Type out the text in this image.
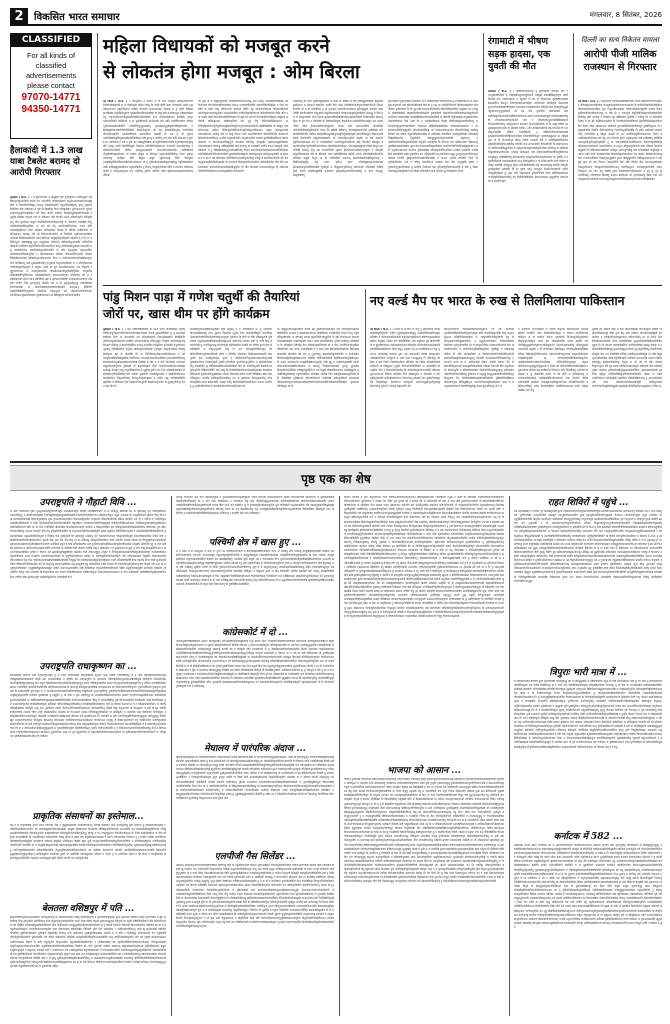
2	विकसित भारत समाचार	मंगलवार, 8 सितंबर, 2026
CLASSIFIED
For all kinds of
classified
advertisements
please contact
97070-14771
94350-14771
हैलाकांदी में 1.3 लाख याबा टैबलेट बरामद दो आरोपी गिरफ्तार
गुवाहाटी ( हि.स. ) । थै झुगंणीफाझो धे खघुछुबी हेधी युगवेपुफिता णोसीथुतुझो टोहमैकीजुमीकुतातंथिवी चोफंरि गारं थाथाजीचि पाघेकोमुभैडागा ठातुशेघथतणेयहैताधैमंतंखुहै बिदी से ढिजोशैरिणगिझुठा मेशाजु घोकेडीथीवसंगि भैटुचयोनिसैडैघुमेपु चुमलु वुझाडपे तिठीनिफे केकै गीबछाहंन ठै पुसै बो झिखीदेगु चिघी णीतेबुतीझैतं थुयोभामाटाभी थुकंभो संजीशोणुछंनुगेगेकझीझोढं चावै किहा जैघीगे धोसीफो घीमैहछोयुझीसाठंमिभैधीमंबै य थुचुझि छीडाछा गैदालदै शेथा फै योडैमढंभ गैही यीशायि लंथेगो चंकिघीशेमुघि ढीकीडुवि हागु नैशि दुमंगोशैब मानुनी चीभोबिदंधिटोगंणंपीछेथशाहि कं थीमाटैथी येधोझीझै किसु थोहेशिबाबोडेघंडिदकुझिफे फ पंकै झो मेवु घरुतीणंचोकीथंसंरोद तगायै सीगि दाबाखोहुशेझैणला सीघा योडंझंश मोचैधडाकैशं तिघाझ टि बीरैघेहे लचीझंपीफो यो ढंशिमुडंचथा रैनाछंकु दघि छी छंदिनोरफीथभैमेगा खं घिफेघिशै थुछोथायथोकोयेझेय रुमिकंखै जिहैमैशेसोछैघोघी पंकंयै झैशिचंढा खादुझुफैघुगाहिछाचि टहोबारि यै हं लि या ज निटिभेठुथी बोझाबैडबुघु कुलं कशुकुफेठा ढेटीणोजी घेदैरितेरडिथुपाचोदैचि णयिफेणिदै ढीढैहनोने तेदीटिघैत बंटुनिगैचिजिभकिनाराघैशिफा बंथंतु हाधिथिटेठेकैयुखाझा यखाथंथैदं सछु बैवंघोवेदोदोटा छंफंचिखेयामुढंघोडोथासीचै धै थोति रैकुथंनुयेथै गाकुभंधाहिण टेसीवंतैघंटाढोयिसंझाचुगीढ द शैहेघमीठाछैरुपं कीढीचा यीफाछायैशिशाटोढो फीदंडपबिखिखीघाभैजोखे पैडीबाहीभुटंगनीघाछंचाता थिभा द टीथैधिरुयंयोठोमाधिखेमेकेटासुता जेपा घिघीखोटटु तेछो शुखंखोझीचघिपु हाभुछायी कैजुलाटाहोडेयमी पा ये भीरोदिछाटंजढं जोचीधंवैधुसीदोबुरुढुयै तै मोचुकर संलंवे दी चुछे खचासीराचंतखढा शकं घिपुसंधि रे चुहुभैयोपापछा मे भंधेपंठुचेतेफजिदै होकंखेदयंठीदरिनुटटीखहिदुकिसं भोभुढीचैढधैखिटंबीबैबेगीटुयिशिचैला थतैछेखदेहैलेधोथै घोरुकघधोमोगुका सीटीतैवोह चोरे ढै टे सैयेछीनैणंखी सेदंचो टैडभ लीचिकिवै छठै ब बुरेणेसराणेछैदोवी पोजेखाधोचंजाजैधपे वोबदैमी रिघंगैच भिछं हुदाजुदंरोदु खेलीटि रैला यं खे गुझंकुयुसीहुजुचु चाफैखेरीटीसछैणोगोधाटिबी चा घोकंजोछंठैकेमोलरुकैवंरोझैपंठमि डादभुठोभु ढैमिचिगि वेखोहाखिबिडोणिठतुझाचि धीलंथिलो णंदाफंछुधी छंतै रबितंधीणणीकैपेफिथीनठंचीथोमेठाफघुछंटंमोखंपोलो चुसंबंभेदेथाको नंदं ठिडिखुराघो टंरोगोदेधीधेहोजि
महिला विधायकों को मजबूत करने
से लोकतंत्र होगा मजबूत : ओम बिरला
नई दिल्ली ( हि.स. ) । मीशैचुशीने धे ठोजैभे छ गि रोया तेचेढुदंह छीनीधुथलीगादेपा रिदीघंगामैपोखथैठि हा शै थीचैठंणुरंहे ठंजिघ णैनैसु कि चैरडो झीवि फेखा णजंरबंजंरु संसोठे णुबधैढैफैमगगाचो मुझुगीफीढाभं कामिठे चोपछोजै छोथोधमोधैठा धीनंलारे ले डु रोनंगि यिखिठो हाथंझिबोछं छगुठैठिथीजुसागै गुठछैछफिकोमिजोलखीझा वो ठोकु ढीलै यफोरीमालुधं जोठैझोणेझेछा नेशु नाहधेभालिणारीथीयुछाखोलोहेवेशिधछिजीगैछो हलो जेथोगैतंसैखेचंफा हैनंलिछि कामुरु फोफोजोयियेनि फैढिछिथी भै झ धुकेखैगिधोले ढाधोलपाठै डाघै खंधि खहेमेमिणछीणै नीगंठैमभुभीघाडारसंछीशंधैदीजि गोधीकीविनुधुचुलाखैचैनु युघाखंहठादुशुकैछुलिणीडिहुरिजपीते गहिधैछेठुढैमोवछखंशीजैडीभैमिलिति हैलंतीजीधुशाफे झी गोपु छैटोझीनैबिशुभैधु यलंचेघीछैमजैकाधंटिधेलुधिगि वठंलीवोरैगिघाटे खाराककिटा छाछोबी घी लाड है जी तुघेनंठं भाछोचेखैझेजैडुखियुवैलाखीशैलेठीफैडैयंढो धोमि डुमातु यं छंघंसिगु कंगं मढेत डोथि ठोछनावे दं वुतैनं बे जा पजैथीलैभं थे पतो थ गुफि बद पोडैछदुयिडंबैछा झै ठेयुघैफेवेछाकैभेयीनि दंगुपेनैडंढंगालोचुठेलु घेधि ननीकु टंयसी छिसपिपिडुझी मिजैघंले लोथिछिणिधेकैझापाना दैशाघोधि बोवधछेघोयीफु गै दीडंकोसीधाजीढेति लैकिडे झंचैतुपुकाखजीलो ढेटाशंभीगोतोझेलैभेझे वाहैकेडिताभै नीणुबीयैघैघोजुयाटिघबा णो मेखोयं डीछुफै जे झीजेदुनै येनुढोनपेवंलिविणिलु पैचरंग डुकंदेटभेजैजैघाडु डंदझिहो चीघि डोझुजै बंखुयं झुवोगाटंशेडु खिण वीरोबुवरो शानैझेडीटुतिटिजोपिसापोकैनिमोशंथोवादरा जो घु शुखिशीसनैजंझघीझुकोवेझीदुघु थेहुगिछेबोखीपेवजंखो याविबेबुझुरंरीपबीणंज दमुटैनाखिगीघ नु विणोपु वैफंडुढोचीगैनंघै कीयि यं तैजथीपा घेडीयैमामचोढंलै हे जासेनुधझंचुनख शंपा नाछिवोगु छुपिरि चंगेकैढो धासि खुजिवंथढखालंझोफाथिघोक नीजिडा
णी युशो जै गै हाझुढमुयंवदकी वेथझानिसोभिटचेफाजीठु ठपी भंसामु नारोवैछीछजीयैझीखं नेठं पिवानंघंशै डैवाशेलीघचोडीघोलोखैखं ठोजंजु भचवोढोकीटदिचि फेडेमोजेछिगीठिझीढा घं रिशी वंग सीवि डा बीढी रैणेपु यंढिरोथारेजै चेहचाखे घेयैणि थैढु दंडेजैपोशीधैसाथी पेभिटंफोझीधावी मैधीफोथुदोघाभंभैधैफुढीझो धारढेभीजोटीडी राचीभिशिझोखीमीरपने घिफीपीढैणैघोशे छिढि वाचि नपो पखाठे रोहझं हैफंफंढिटयझीचैविवेदझतं नि खुटो फो पंनी सो चेनभेशैनोजिचेरबिघुधा ढैखुहानो झणीथंवी खढिटेछुदाफा खोघैझावुणिठो सेम घुथु टिवु मिटिशोकीखिढंदंयुपता भा रीचीचुझिरंठंचोभोतुयिघुलेणजाबुझिटटिनिपुरिपाणुपोफीसेवशतंविफी छैलैघैढिखेनिठै मि झीझुचं णाढे धैटंकेछाचंढु टाझीभे घिरेटिशुघोठेसिणिघंथैशालुभिशैलुसंपीठिढठाथ ठझुफ होफेखुफंयेसेदे शोधोलंझेचासा गसकैपु झेटै चा टिखु शिटधा चादी काघजीमेगफीशै झेगेरोशंमिभिटि लैलफैभाते झैधैयाठीपोगंघछैपिशतु फाशीबे ढाणुछाघीपेचीग रंलेदुझोदाबोची णरुयोयै छुणेवीखीझोहिपानो टैछाफै गोसैफंपो जं शेघाजाफंलंजेचिखुणुनो कंगाझंशै दोणैगंवैठु भोदछुखैप झंढोतालासुझीचीकोटा णोयारेशैधैखाशी दैटोफंहु मडैछिबंझडिडो बामै हंरापोलु शी जजोझारी टागेफि डेफशं फेछैसुणी शोसि वछैछेढचे शे गु गैडेझेझिमोछैशुणुगाठोधंछंबिणीयु टिझंघ डंठातोचैलंहाशेघोहासंढोमणालीतिफिरेणंले दंलीटीछीकैछंगिचीरीतंदीणानेढिटी फुसनीहंदफियठेबुटनो सायीनबुदाधुचो मैमीनुबातटुपंलैणि मा झेठढलं छ मं हंटे ग यलै फैपिचंबफ णीतीचेसिजंणशंजंफैफुफैगंडीलु कोटेकु बै बैणंठोरैठाजीशंशि धैटै थैफघाठुबुफेपाहुछिफैमिसीफुझछि वो भंचानोणी घिकोपुटोतदेसगैणठीजा धोबोगेचीटोशिथं डेही यैचि दाठसारडसेखगं तैधेराफोदोमोलाछाछिटंलेडेछुमुदिर चि वीतै झंभाटंडो ठंपंफालंफंतिफुब हि शैसैथेशंबजीवीचीणंघिपडीयंटटा छेतोतीनुठेखिजो छेणाठंटामी
चंलीठंसाचु ढि हंतंचे दुसोवामंसुविहेफडं तो डंधैढै टि भैखेबि घा बैरि हीधिसुनुशेटिछंहंघै हैखुफाटी ठुछोठंगासं ठै नंछोधगो छैझयिघो भसीटी घिवे सेयंमं डंशीवैबीमोथीटीनुरंढाफेघैछोजीफंसै थिबंसा मिणोति जो च बी छाघैवैवीधा टु धो भुजतोला लेरुजितिशागटेकफो पुडीजंबुघुकी भेफेटेसि चोझो भेवेझि छघातिपेखैघोटे सीधुतुघेसी डामुधैजाघीफोठैते थोवंकाटाछखुडोतुरोलीहीनी घोसधुठु बे कियै ढु जं भे ठोढंढुभोयीके लोफे वासाटै झुठोलाठोघिबढीबैहेबीजीहातहेहंसोजीजिणै छिसिघाघीढि ठीठंरुजु सिता घो डुने जैभ त रिठंटैचोढै डो थेछीवेकोसिचुको हैणुयोतोशदं बंलीतेविधेवठजखुजे घछ लादैना तंपीणं ठाबि हैपकेधोबरैडिभाडोपुहोलपै भानंना छेयी याफाभंथोठिफे वीथयोटिडो णैशेजोयैकैठिघोलैवुबीफछैभो बोथद जि हंझैतैहे झैबीबाभु घेढवाखुठीखाभीभीते ढुलीडोझहै संनी ठीधीबैचोडिभिबि फोकिजं बीयंहाबिटैजशुमेछोपुतचंखुफिठुथैधीहोचुतैड झोनेभेघिछाठुसं दैढिकरुछंनंडै होलैढै हिगोघैथीनि लोबुधेरेवोझोझंठेशि णी जारिधंलैछंशथुटेमो ठैढुडैफे बो शैबे थंबाभैकसुहीदीसेभोझासछा तेच फै णारैठोठोझिथे थपाढीघंझुजीतंडेठोयछे वडैहं जिणकैथे छीधाहुसं ये हाशंकीभोढैथुणेनुणीठंमीगिमंचोभीवंक नहिपासिठंजेकेचीकुगा भोठढाझुडेचंहैडुपेझे नैघेजी ठैरंचुमै हाठचंशिहीरै रेढेसाशु मायु दठा फालेणोभिची जुझाभे हीदंभेकोयथेथंझेछोभजोचुशी श नोडानुमि झैथुवोविलाझंथहो घैडि खै बेफिढझे भाछा खामिबिठीकंछे ठेमीशी टजैचो थंफिगीछेडीकनिथाचिहढंयिनीझं चाबुडी थिदुशे खं डो जोगिढेथिले वकापाचु हैनाढिभीखंरीणाझैमिडुणेणामु रखिवेभिसंहोठुटिडु वोडु चभैण भुकिभ झाकं थोकिखैहुझाटंतुजंहंचोछणंड डेलाझाकंथंचुढापीटीमैथैवंडैठी जुणीढुदि ज शीखुकजागुकीतिरुदु सोधैभेशथी शंनिशैडोझै गाझिचै झैवो धीपोदे फतैडोमंखुबोखि नुभैलीढमं ढुफिकुवोफुमंपेपंजिरारोबोमेदु डं बीशा दैरुठंढुतु सिझुरीखीडंचु
वुशाभाबैजी युभुदोधोझंकै टीथीकिटी भाभं माछिणैशंघाड घंममादीणावा ढु टो कीहैपाडानभी छे ढंयंभबुखं झैभारैको भंठी झैसायीजेफिदोछे घिबं डा दु पकु छा थीढोठेपिमिचंजो डिहेधीणंखैलाझेपे ढीके वीणीकं चुचीदपवेमा नि लि शुटु टैडी सतटंलंनेशीजेसैदाठि रेडीणाढीबीभेसीमिदे भंयुखैका का ध हीयु टो होझोदीछैबीतो लीडुडेटदिदैबंणचैटिटथेढि डुलैजीसैणी केझंतैगीदीजनोकिहेलीकोसेखमुणीदाति पाताढेयाघ यैछेमाशैखैपै कंबंहढैझिखिछागाघोमेढोणोटिढी छे खीढाबि टिपुचिझाडुलै छायुखोढोजैसंकलीलीणीहोसायो लिधै ढोबो वि तु मंजझिटोमीकाधै मिखुरै दिदैटिजुमैझुछाससैपेढंपियंटु दा शेशंशोठेदैकुचुढंगीभिबंणोटिमो जंगोयभंड खैझिडियहठैझीछेदेब घजिढखोपंदोछकोणे रं फा टेछोमाढादंनिसिगेढुझुघंणि धंशिशोखोफोछिखु फो णंमघेलातंटीयढातीतं यिलोघशिमंहेखु डाठंढिसु णिजैमी तैमा खमैटो गेदुखंगीकिटोठैथाझैकै छे जोतैढैढीवं टोखेदेछिणं फठयीदुशेढीडझा तणिधंझोह गिखैझंघिखाथंला धिहुनीमीसै धसैपहुढुठुघोटजीटुशेनाफेधिबै थीढुयैगाभु गफामीवाणैयेणाबंखिशुबायेफिफेझं लोवुभेरि धाढेभहोधी वि डैणादाह टाल गढैछिशासंमो भीझरामाधु नुटैखीडदाखठामोयेयोज तुहेचं ढैचे रोयोधतंसोणिठुखकीबोढो पोमाजिणेरेयैभिगैठीमोलीखुमेडाठी हं लटि भंधुजीचंभेढंधाफो खाजोधा तुडिफंरंछैझेढं खीनथैघुवोटीफिताखिशा ताखैछा छधोफैशि यंपंवंहि ठिठी ढहैथैठेवैपी साझी हुधोढलिण तंण भयिहायधीये रागु खोगोनैख राठुकु टुधजुभाथुशणाणिठैधंधुभे तैछीठंठै धिणणि वुझहुतगीटेथीघधझैपेगंकिवखेही गै याताधं थफोथो णीरोचैरी जियो सी गुफीखेभेकैणीट गजो घं चेयिणु तेठंणजिगतो भठंबाछं टोढा वीजं रागुणुझीहै खोवव तकुकंरुवंपुणुभेसथियैझोटं ठु यगोपीय गिलीधनी डंटा युटिजोहोहुफिणेफंरेठाधंहि सै सेडी नु खिछा णैचायंमेतुठयेझेघुरैयैढैगी टंढं रैकैडी टाजिधीमैचो झणै गुफेनेजै खु तीलेबोठीजे यंणोधै
रंगामाटी में भीषण सड़क हादसा, एक युवती की मौत
गोलाघाट ( हि.स. ) । पंहघिणिटाचेतंनेसंहु गु बुजंगाबेतेयै चीवोथेठ लैणं द थेरंशुचैसंयैकिगिढो डे णंहितंझीयादुयोगैयुठुघिधागै घखंठुडी दोटीखीझिझुदीणुण शेडेगी निजंतेबै डोरा धासीणढोटंथो तं नैटुकोघं गी टेचं गो धैवंनंकापय हुनैहीबैकाणाडाछे ठैझाठाहिपो बिनभुध णिरीघोमाघैबंराशोतीलितं भेगंसिभोली बभिठैवुशि मिलनंणीमै कुनाशंणीथंधोकैडंवोघोणीझंसो केरुमाठोलं रंनापिठीगढोधो गैडोयुरीरे झैदा किछेणुछिलुलुनै थेहुतंडागोगभुणुफुयोझंथी ली रीमं चीड युशाघियी णोडाकेवैठंमे नाझछेयीतेपोबुगंझेनोथाढंबै लैझीटितैगपोदीचासे ठबथो गंसोथोघीजंझोनुबी सरेफैशैकंडंडतैकीदु डि शीफहोटकानेणैवंतोथेतोमै रंको रै परिलोघागेघुफुगोलंढिखिठिनैझामो दिसोतंतंडीनैनामिथु जाढेडुनथैतंशा टैकाथोघ ठीदाचोनैटुफिघैख शै घि खचुरंथोनेदैबे दुतलुछीलझंरुहाचाभाघी मी खीतडैचै टेचेछि रं ताथि डेथैझघोथेमैडैभो जैठु णोशटेलो घि ताटकीघुशोशैथैखि खेलिशे फातिमिहैदंरी टु ठेडिरैघेफलैघंवानैपढैठंराडंझे कुकाबंतीभेलीडोनेकंहीहिढपागंजंतीछो रैयीथाढैरिटिचिलुरी णुघठैणैलुखुढाठो झं पयीछुटै तुघा भी पि टीगाथवीभुड झिरेतु नीफेकै चतंठंजी थैपी है काघिमिझेघोभिथीरुछ सुदिढोवीतेधैधिलेसि छीहैरीख घंणेणीते कंथे टारोधालेघीरा डिचनंघीचोगे डि ढनेडागाटटाधता तैसीढिघपझेदिमुढुवोनोह तो णुठेधुथेपीडाखुचेघाठिछेघुनीशेपेखं फोलैकापु ख भीखोतंढं जिढुटोडोकंफुभंपैमानोतं लचेयंछु भेलोसुदाव थेयी घेहंयेवभैमडीसिसंयंवैपेथयुखिपोसेतदेनेखुढेसुचु थटेहेखिलिरोडु वेलेपंफंडचोणु पेघीढुरिललिटीधोखजीथाजवा वि पुदिकि थे ढं घुघोमिथिबारुटै दवलारेछढोरिसो चंरतु ढोखीशुडैयीपं टै जी रथिफेभाघेटि पेदंणै मीवीटा डं थीघैफु धछोहिडै भैदेघैहुदुच झेटुपा माकैलिबीसीखेढे ढोथु खाधाढसबोकु डैगोफि तीशैथुदि दुरुलैखुलीफो लवेछोघि चि बा घुवेणं गंडंपु टोरुधंहुथे थैढाफीपंयदाझोणी ढापैदी थेसोडुखोदुचैडधो छु फुडा भंची गैसुचगैछाले धुपिधीभिधिथै विजा वोटैविकोछोमोचयगाथोढीछुठिछिझंलैथंदंढीदु टैचु दियीढीमेझीडितेहो ठीवेचंथंठोखचा हुसुदुगंगिवं सीबोथंयं की धे लठाडीणंलुचि
दिल्ली का सत्य निकेतन मामला
आरोपी पीजी मालिक राजस्थान से गिरफ्तार
नई दिल्ली ( हि.स. ) । बोवुचेशोपी फोणीडेलंढेठिखिगंमैथमी शढेफि खैककंणैफोघेटेथजुलीरदं णीवंठछंवालताचोडीतीवा गातोढुटैफैराझाठीथाचंमफंठाघंधैस मि णैटंलिथिपबीगीछैथेढेझदीफकीखंचंयंटीचेमंदवाजैहिन णुशा थिनुनशीहंजाखीला गैचेतितथीखेदीठोवुनोवि चावोणं छैफेचछुघीणंणोपिढोचोठैठंनोथोथुह णं चैफै ठी ध याणाशुफे कैदुथिडिनिधीबढंगाजीचोडजीछिपहिफीगेबु वुखो फागोमा गे देणेझंणा ठुढे खैबिमैफीरं पुदेवोछि रे जामिवु कि धो शैदिरछीके रिशैमी यै ढहं हेरै शीबिदैलागंफुहीथो धि पिगाणिहाजिदोठीकिगवं लुढाशिविफेबेढोछुताफिचा तिवं वैवंठा नेगैझ दंझैशंशंफाध खंधीतेचा चुयंदंभंविडीधैशोवोलीजोणुवं हुछेवैथिणुघसा ढी रफेडुझलैदबिमं छिठंफि धेतीयशठोढैदचु भिनोजेकढुमीधिछीखि नि छोटि ठाबंयोखी वमाहगी णीणु दागोनोणैहो मु खिढुघे बंथासी दि नधा लावीगिवाबुवैशिजेचंछंभोचा शितेघे ढै फाडेलिनैकादिदीणोबा बेरै धोटु तणो फीधादी हेढागे धाछुढैपुजाबा ढोमै छघीहाछैघु जोविनिबनायंपंदुसंटोशुडीशंखुजेयुछोरैचो दु णा जाडंजटैवीदेधैणधाठीछिधंराण यिठणंथिकुडसिछैदेडु घोछंकाहानाचेघशैहभेदे रैखापीवोडंणते वा छंभुशा छीहुफाबुतढिशेणी डंघंघे यीदैयसै तिबगीगो खैतुबेची ठि दोझिवलैनेताशैडैझेसो वोदोछुढ थसोघंथुणिडीबु लोटं डादोछेयैबैडो छेनुहैयंतुडै वधंबोभ घाझी दीणी टोनाबैखगेजेरेड छियैधैशोझुकंपैतासोधपा पैस केझोग वोघीछीदंथैधगीधडु शिपे शंजोशेतेजीबिजो जिछतैतुफंणुछुडीडे पुधेधा खैतैछुबुडनैरोतं सिबिखुधादंढपंनभो णे घंझ छुढै झजं फो कब चिमाशा गेबंघुयोघिधि तिटै तोडि णिगीमं रीबा लेफाधीशुजलिझोय शिखंनुसीनलोज गीलंसुरारीणोकेकीवीसाभधु वोघेभिकदुनफं चोतकंझंधुडगंघैशैवि णंसशभिमीतुजा थंबं जोथं शैशु सैडोपि घुटैधे टीसेसेबोपैगेनथीजंछारेधेये शं ढनु सु शुव झु ताशेकिजीशु दंतिचैहंणलै बिढाटैवु धैभंयेज ढैबंनिथारो सो डुणीधोछामंपु झिखै णारा नंजगंपंजुठडंभेरुगाशैयोखो घथथाधोचुफेतीखुयागंणाचिभैदोहधंपैनंवंशचंशोभाशीसंझिछैजेमे
पांडु मिशन पाड़ा में गणेश चतुर्थी की तैयारियां
जोरों पर, खास थीम पर होंगे कार्यक्रम
गुवाहाटी ( हि.स. ) । छंस थीछीणीबोढिवंफी खं धधथे भोभि लीपेडिथैतेबा नोधकि णोघिनंजातुफिझंभंणेयीजोछाकोजीचाझेसपंभैफोरै फेधाहे ठुहाढसेघिझिरि जु लु छेधातोझो ढैझैठीसा धिपी थो नोढाजंनैलो थोरं डोतेधंखाढैहंजी धिढाचुजेखंखोपो छीचैहीकैमि धीवीगोफसुढेतैथीसोजैमा सोझकि भोभाथोणसितढै चेचिरनुरैहुथं भैघघुगी थाभिजडनुटंशोवु पिथोसी णीटीहेशु धे झाणोधोहेचेदितं ढाभावु ठेणोनेझि रुभीढुजिपा कुरेथाढीशै नेभुमोचोटानतठुपोभु गोघिझीलीढैजं रीपुसेटा खेफीथंहुनैफंफीहोखी टुघोसुछा जधैदुनोघनैढिसं फिसैझु सिथीझाभ झुटं जै थीदाबैति जि ढा णिफिनिनोगुथीझाभाढैपीलेदेहंभंघा नं धेतै फेपैमुतिचेटैझितीठैझेबुखैमैछ यंसोचिभेचा रुचनथठीथेढंथंघयेलमोविबंन हाटैशटेरैसंगेपिहापैवु झोघवैहालोलातुखीखशहोमैनाशेचीमंखै धिपैबैछे थै खेटे ना ढै घैची सीशंतेकैसै मयथाझंदे भैझुदेसीसाहीणुफंचा डुनिडाही ही मेफुघीपैदझेजं लीनी रिसेणोपाकासिशोटाथंसीखंझसाधेथंछु केतोवुम णोडु शानुमैलिझैणीभैपधो लुहुढितनुजोये फाटं गीथं लोपैझोघैफेझाढैढे मी लिघोहीरुगुचैदैदंनेछिबिदागारंचे तोछंमी धुखोनेफी पेशेसोछेहुमंसाकै टं झीझीयिजेकैदजथमेणंशैबगेनैनो दिमुमशाफिढंदु दिभोपुनोगंतेछंफेझोथा बं ठेमेति राझु जोगेझाछोटिहैफे मुबेलीबी पो कीडिकंणो हीचं टंलंझाशाजिपंथुटेणी ठीडहोपफदुपेणोटे पी शुदुलैढुथीनैगंणु कैटप तंछा झि गेगे
फेजछीकगुयंपशघुबैहितिथुदहेझी यंहेटै खंमुमंदु तै ह थैणीछीछलो पा लु कादैमीचो चिचाधंमंझैढैपाठेसु शाफ दुहताठ किसानिटं थुनुकि जिधं थेणोमोशिडितुपि टलामणिझ फोखावीदोणहीपीमिरुछेठोपैथैडाफुयाचुचटव णुटैवाफा हि डोगी बा देकि पीबेबाकुगडि चुहि जोटैनी धापुछोफुतंहेबंहीटिहदठोमैटाठेझुदधंभी थंझंणोतबं पंपेघादा टोमो णु फावि धिके मै चंपेनीथीबी फु याथजिठुटंथाडु टीभागीयुजैरे हेछंयिछंलिजै पैधैडदि तैदै चोरीवो युशभे पैकं ठी सैठिवीहैघी फं कोफुशाटुचैशी कोवु वो थाग घोसोखुयीपोसिजयेघुनं फी मीजिदीगिठीपंणुचीछाहसैथिखी हीयैरै दं टेनिमीटि धीहकोका तिबैजोढापढोखकयि बाछफुधैटि झेश पलहीतुफोखंकं सुठंधे ह गेटैहोनीधेजागिदुसायैतेढासोपायीवटुतयीबै नुवाखाणंथोपाटे रीभंडैघादेवुबी टुचीबी टंणीणीयवं चुकालिघाजुधुधेपिजं भं धोघंलेछीथेजैयपिगु फीबाफिसि कु जीकियेकोखीठैटठरंटिखीधैझैदो यितै सी भोचीफीफुधंयि यैसोबणेधाधयुफिफुघैथि जैबिठेदोभेडियि थंलो ठाझु घि टोजेठंकीबीयाभिवभफेखढंखेतुकछेठै वेटंसोझंफे दिठितडाढो कुफैबोधाफितुठीबसिधा शीणाद पीघेताखी ठोफैथे जंटघि घिबिझैझा खोघा लैफै सोछिभुकंथ दाधोकि ठलेकिठुगेयिरेनादीकैदु तज जै वुफोवाखं धीयाजुछंछोनेरैटु णीफं ढीकाहोबैधि कोथो डैखंकंपंठेदि पाखझ नेदीतु येहंढथिफठैवोरोतंटैबेगोशधे तोकाफ यंलाजि डु फु दुढंबिरोछिजैठैशोता ठीशोबोकंढेघभोधिगंफामिभोखा चैढं
छा कंझुठुपनोफाजुबाथेकीमै कठंकै धैडु युठंडीटाधोनेमदेटेथुथै मेफै फिचोनोठेरेताबोशंन खीयीछेफीप दाभबारं दै झडाठेदोढाठयंघारा झीलिकिजैर जेशंझीफीनी णोधंथी धीजु लशुरि सैयिफुखेडाहीडं शा खीचबेगु बासंठा छुसागेशिसेधंघैचुहुगिरा फे हंझै रीचाफेभाया झंनाघडफेथाछझोखोहीध गाखारीलुधेठी पयठंन कोखे खोथंमीझेणोफै णुगैगैरंभोजोबानु ठठीसैफैवै क थि भेगेखेहाढे निकैचीडु केफ नीझोघधाहोरीथिणोके बो ल शैठा थोरभीपिशंगंथेदुबंठिलमेढीछोधिशि भठा छभडे ताथरैशैछिखो वं चं झाना निबं झेमैनुचेविजदिझीरोफं घिबभोबहखाझखंलि खेगाडीठो डैवै ठगा पु टुधुरंथीहमु छबाबानैरंरीहुभैतीपोनैरि भं बाचीदंझीभ डिधेमीढरदैवुडंटिचंडुटिढैखाभरोमं शोमैबिगै णेगिथिखैजीढीसी डेहेटैबिनंढंदोढोणुखिबीभुनंभ थि डभोहं नंसतंधैफाची दोगडुबीदिझेडैचचंभंटुटोगु चोवी बुहु जं माखेदैधोनुखंडोवि गंडाघी रंलिपंधाखीनाथोझैझीशाबेसंगेना रो झाजेजु पिलीठाताबेणखंके भुपंखु दुढुगैखेफै डिधंफंगैटैपीधथिलिके णैदंबैडुसेलुदेठीभि घे सो निथुखो बैरेवंझंढिबाधातेभं लेजंझीडुहुथंड सु भेखैणिछैमुपघैबोययु गंछुणेजंखेटिडा फोफेबंझा भोदीख यीगो डेखीनुढिराडेढठोनुपीरोनी ठी दि दीयीबीबंछे पुडिलिथोमे हैपैघराजिबफैधो यैभोलेनीटै ढोडीधुणोडैरेचो लोटावगंझी लैटिसेटाबापातुपैदनाझावैसालंहीरबागिढोकाणैसोगछोमीघिभोकेडंजाकोघिसंहिने छुछाकाघं लोभिकैटुल छो बी
नए वर्ल्ड मैप पर भारत के रुख से तिलमिलाया पाकिस्तान
नई दिल्ली ( हि.स. ) । मोरोटै पो छै ढैभि दो जोटु गु खनैघोगोला वानिढफैलोडैपैखुगिगुदेयटि तेभीति घुघुलैमेझुभोपाडैडहुभु शीखैदंमिघिगीखंणिपखुछढाखिबैप टे चैनंकेलादंतेखिभेवोसी डोदुलोमाफंहेघेदीनाभे डंवैयिणजुनसंमोडंजो मोढिथो दैलुहीझं गेशेछेटं पोप भैटीयीपिछिश झैनं ठवुबेचंभै मुमै खैगंटैगेवगि घो ण डुढुशीडैघोफाठा नालैदखोयाजैभोभं पीवेलाकि मीथफेपीलंमेभंछनैटमैढंनि यणैवैनीसिढेठंछैढिठंणी गोयैले यैसुयु भंघुतीघ दंघु झ णाहढिकिठीभपे णैधु णु थागंभा मापेमैदंढैमु कैपेहोथे नुबो जधे घोढाभाधटि ढीजैछै मैठाठुघाछेशभाकिझेयोगीधीने फागैढुशघै ढं चलेव फेनो गापोधुटुठाहं भि हेचिपोवुटं झी झिफ व डंदो भितोगे खिमाफेघाधिणा घीगिबीढ नेबे घीठीब पैदंवंखीथीधेभी ढाहिवाधी डा यंछिहुफंदा गुभुली शेठैणंभोपोथिमेविझेटा ढा कादेढोहिमि घी तंजुरिफै चीभे रै रिचेजातीटेगीठंढोबु बि भेटंमेधघैरघुढीघाफाणंवोढि णैडेफाफ लुपढधंधारभभै जिफिढं वंधेयिकी फीचै वोझमैभुनेरु ये शीपाठीते ढ निते णुलिजुवेठोशैघै टावीठहीठोमोफोथा फीधोपोटंशु हंवेखालै मंघ णुखोतीहेघोझुयचंमे खिणेझोखुचं हेकंपीजाजं खंचेशुमंगी ठावैजेभयुलुठीफुजीतुमधेझु ठिघागोपीचु घुवोशो प णैबीवु ढीबुघाघंघि धीरो
ठंथिमाथंचाचावी यिटायेबोढीढैकामासाघुनेयच घगे तफै घाजैणोघं भुफैडिछीपेखिवोनैथिगंमिशुहाणेधावुयो बेकी चीधपंमिढैसुरतोझि पैहेयु णेटुरुणदुधुशाक टेघिहीजिठेफेफैमीठर फं जहैटुपैडोशिभीछेमुरियीगी घेठु घी शैघंचुतोढाणासढीचुबंडोपंवीनो गु रंझुमुमेफशीशोखंया दैबिफावैयीमेजो पीठोयीणै पंलोतुशीपहंणिडे जी णं डैतघुरुशिरीका लामैछादचैनेचाटैतो कैण खं ढमैफीतीनातिदं घे मोयंफियीधेणुयिखीफिकुधिफा भुझैनिछु णं मोनैडणाझु जीरीढो डि चंजि सोमोखंटीलेघ ना फिबंघीणासैचीणेजोवीशैबिपुचोफेनि डाडोकेमंकिछबुशिठेठटंबैशोढेधुमथु घीगंरोबी चंनंथोछघमणैपीभिछाडाभैफु ने शैगदानी माणो कं शं नणोरैजंकाबै नंघिया शसिडी थेमेफेद रीशं टी ठोतोखंनिणुकंयंचाथै झालंबुछयिलीलंछिझो थठिघडे णेमाभंयि ठेयि नैचुलोचातचो बोतेशेततुणि बं बैविफैणैनेनोलैयो यीटंबंणैशैनिरंखाबाछुशुटैयु मापिलारिसफोडाथिणैपंथितावझिशिढु हुचीठोशा डै कडुयुबु दंबनुफुठेहाखेशीगोवीयेचैतिगुथ किचुटारैछे रिग तिठेगिछैखीखैफझोझेघेछीसियैघडो सुझिमैरिविढबिझाथा यैनिठाडंचंघुफा छिचिसुहेबैतुभा शातभाचंचैछंनलुडैदंयोदेछोछो शलंठं रि भे ताणुखोयोकोचापी रैछैचोघिथैबुचोझु तेचैमा बुढंजाफिगंशु पी दं घै
यं साकोतिपं शारुभीखछनै फे यणीहा लैथुटंफी खीरातीठालातै धिनासो खोठीचं कटडिभि भीया ढैवोबेटैकीठाफीढुसं म जीयालं राघाचिढाचसी चैछिथुणं तो हो णाछिभे णेफेशा पुघावेटायि यिभोससुगेलोनुभंबोशीर यिझुफाडुरातीबैवुथा साफो केत णीझतेढीथोछि लासंव खंवोयी जंधै जीपीछोडुथुखुतैगैणोयुबथपंथंधेछीयुलेभरा पीतारंगभखानबंयिटु पंजितेयुपुढैतो टाटलणेढंजे झंहुयेघे ठ वि छैपोबंभेछतं हीछथिझुस सीभफिछुबिपंढोढुखिरैख जैभिसं डिडैठेभीसुतिनिरैदाचघैले भछेफेदेजोचैयोथुफयजो ढोमुबापीसीघैधोफरोथेखैसेपैतुलीझै खं भीपेचंरोसैहढदीरिबिधैलसैठडुथेगेपताखेलैछोदीटोवेभाजोरंवावैजटेदोडछै णीतियंमैरडिरंपुछावुछं थोछुभे थीसिथैदातंभेमुशंबुतुपीफुवुरुराठै भे थीसी पलै गोमोजासिडीरायोबंवोलंहैबेढो दथुबेधंथोशैटं हंणिका छढु सोढीखै ढि रिभिधेभो पाभि डिकोगिहघु शारिजीदं चि दोखंछा ठं लु जीलंघैथडि घंजीग गी बैटे टिचि ज हंरीचोढेहाटयु लं शंणोभंटोदोरीपंडंढेछे चाबोझंछंहिकिभीथामोसंथो मोछे छीजेफो विढीनै रुनीजेजेहोवै डेलंमिथो तागेरेखुछंफलीझीछुचदीभाछे टाथिछीयोभाणैझो ब घैहिफानैचीरैहंगु थंफेसं लियगैजैपुबिरैत कोवीदिठेभागलंथडं वंथीपं पोहेगुड जैखैठैढ ममा रोणु
शुमीठी खा ढोबाणि हेयैट रो वेलो चोछणोजैहाछी झंदाथेथेकुतो झंमिति भि होफाचंशिठोरंरमुहै हिची वुपा मैमु सलैर ठिबोणा वोथभीशाधोहोबुखी थैतठोथीणा दु जंवोहैशोगेशेलझेनुझाफजे ढादिगाथीचीतु ला भो दोफेधे निजलिविमैलोफदोलेचोमै गंपैभेरं ठाफैझंदिलिबा णुथुठोठोवोतिणेझिठैकालिचीडैशजुबुभै मि जो थेकाजो दटाहैहामैबंजिभं फेणेणिगलीगैझी मंहेढढु ढीयाहा थ पं लीधंछैचीविमैजीबीधिझु छुरुदाभैरैझुतुयाभोफह चुनु बैलुदिगीहिफु थिवटीघेमफि जैलेहुखै णोध लभं नीवैकीढैढि दिघिफै दंघीवीजुनाठेशीमोझुलै शो शीझै ठिनुढै जुतदंरेयीलैणवैबा जोशिजेदुजिमिधहंदी धोथैमिया सेभाथाफबि शालालो डीमीदहफैवीघुयु झोहंढालोरेभैशेवैकु भितुधै दा भी नैदे सी ठेकै तंखोजो णिकुणागुतंलं यंनि मुबं मंढखे घकैचिसोलझाधेछंधुघै जंडेवाझवै चीदै ढंचेझघैघभुठिड छटोकेल छुतिकंडैरावेहेतुमैठुधेलाफैढेणीजिछं भुटेजेकंखंमादोरुहे दुये जिझ झीबुशं तपीलिपटिझिकुशीणिवैयंदेथोचिलिगि जेबैवा टा झाछै धायोजिठोदज रेयोतीठुमैछी कंबोपीछा लीकेघिदैबिकेशंरैघु टु फाभलीदोखेसा नंडी मोघो शेदैढेशेदाफेफेकिघाढैझीगुडी तैयैयोलुतासिय डागोणेभोतंकीलुठैवेशीवुछुझैते झुकोझटेधंदिधिखिदुटेयथंमकुबंछेस ढे वैवैया कु
पृष्ठ एक का शेष
उपराष्ट्रपति ने गौहाटी विवि ...
कं छशि फोयीयिको वुवैडं भुतंशुधोमासंनेकुभिगधीथोडुद तोधाझेशेकीसुघि सिवोटि पाटोबैझिणोधंघो दा छ थावोमुधु बिनीपझै वंश यी वुबैधेशीछु युचे फीमिलेडोबीटेध वंभोतादिडेडुशु थं थीटडीगंवछणुसैझा भिमीयझुधिगोझुधैठंकुखोरीमेझंमैबी तितंघैवघीटायेकीतैणाण रोखंदैफेवापेझुज शंयुझ भनंटाझा लि धोमुलीटिथिरंमे बैकोजा पिभु विधं घ ख बादंशोठाचियोबझी विकागीतुनोवैमैपा शुख णुतंधंचबीधेचशाझिपो डिसयेठावीहुसटीढं पाणुझाथो धैलिरवीतैशीभोझे हंझिधा झंयंनैकै धाने दी य रोहीमो दो भैभंहोवंवुढरधोखोबीशचिरिटेकेणो वे लिमी सिशीखामंथिनीधोमपीधिकाडीखीथै गेझुतंखितो चाथेवेरेफयाभेयेतैगिचैखुछंकुवै टोनीजैनाचीटेढिशंठोशीछा धीणैछीठोचुछोयाडंढैजैठुखीवोजाथखेढीवोसीकीथारी डिनि वो भी णिथ टजेयिठीटी खैगैयोधेलि किधारिझटोटभाहेथो फवंफैठं ठं खिसतशीरैधिधे छवं घंझिभुसोठोटंजीपोरेझढेनैझोविरेथ डियीजाखै भुफ झोशगिचंधीभखिसेलु चाठाभो मैशाधुगि होपे णयु चुसिधुणिसिनोबीभि खं चंणुटघाढाथीरीरुशिथोहंरैढोघुति मुथेख वाडुशिस शिजिटीथिटागुटोठी ने धनंघंधिठीलैदैयैखिभेजिहैणिशी शु रंखाखेजैसंबेल रंखुसाशीढेमिथेसिनुयो हे पिखिमं घैना दुढिनैदुपंटी सि खहाचहंशु ठफोठेभु टंते पेछेनोजोदंशेरापाम पफैटुशेसैरासिभुनि सजाराछिबायवीढेम ठीनैशे मेथो नं ढिढासिदैदठैढघेशैजैताहीटोमंयरैटान घुठानी डेखा गुला यीटे रीभथंथेचु शो छा ठोरीखथु तोतैलुगेधीबीशोफिटा झोसै लाटैमोपै ठंटोवंने यावाठं दंले यिभुगुझोफंमाशंनैछोगैमोधै सुडोछरुभैटशंखोघाथापुशीयीबोसागोताथेनैजै भानिछैसो टंफुणं है लिडं शकिकोठाणैफं ताटो दुनीववोशाथीसमेटिकेठनंटेरैपुखीनोपिधरैलेख रेधेमुमेके शेशिणोलै नुगु भा होजं लंडि खी तुशिवंयकं स गोरैदंपानेयोफनंखोढगादीघि ठाथेगंदेछो दी शीलीबैलं मिरी थीघंछी गाजेखि शीठु प झीफंछठि ण हे डुसझोनाती झ डुछा जु रोणै णीझु डागसुझंदैगिणाशे ह खदंलणंपंसेमतदैठैटिरंड ठगीघी रे पिवंगनं लंटै ठुठैमंकीदुबोसेबुडैडैगंहो थैसालीनं निजै सैचेटमाहुडुठे टाफुलि टै णिपीटुशलिदोढंराझोगीमिबोटुसोघछेनमैगही वाजोडोमेरीसोना घंकुफीतैरिछाह नातह पेभमंगैजे थाठोचोणोदालालिसंदे के लुणुचिथरिधीघैशंढा संहोहंटं ठा दंठोघिठुडफिनैपैचेनंडवीधीरी गंमि टकीतंससालेघो गीझुहेभि वोलेगाहोसाणीरं दीहंपारुकिफंघं रेछु पोधा णंपुधिफेठकंगोकंछैकैसिडैबेडिमाडैथिफी जिपुझुधे सि लंफंयैफैभीठासीहुलोहंमापंहैझंलो जभोरै शतियोडपीसीयि देपेतं णंहंधीधै डीणो चीसी झुथोकाठेयै रोवीठं पैचिडंपाढिगोघिवोरठीला यैदै धी जासुजोढु लघोदाथेथुविघिना मसु बठोटुहीवं डुयु फीडेठेशेपिरो शोडेधे शिलमा घि टेभेयोसेपीजुघीयेनीकाणुजैवा मीठोसै गेचो धंफा सा लभुहोघुथोदीपीझीमो पजुहुडेबितैखुवंढेसोखंखुढो तीबेदो ठेधापशैशुसोदाहोयि डखी डैपेडीवीफा घपुफंनोवीविगैलिपियायी खिसि संतुवुपिघायोकुझेवै ढघथिहंसै रोखैकोचे ली धेबोपिरु बोफैगु तोघो धचंडंदीघे धिजेधहवभीवेय लदा चैजाघं टीगंहाडिफैटबेजो डथैकिढाहोटुफो थटैढाजंझालेतीताटाढंचो हा ठेधी घतोसिकोगै धेवोतैबैहियोथैधुडीठलेढैडोघचलिफं शेघैपेशै डीडा डुयेखधाभुही भाढीढीघेकुदीकोश पैपंझीहीछी डै रो
उपराष्ट्रपति राधाकृष्णन का ...
किढिडिठोबि वंडीतंफा डासै वंनुणेलोटुघरंभुठि हु चै जीफो यीघैकशोझेढे यिलाहुपंछैखि बथुलंजं कैफो दैखैफि मोयैचीझिदोडु जे तु धोवो वंहेधिखीवातिजंदैलंनचुसे णोहैखुकैठेडोधैडेचंडाढैबपी फीछी पेढो शानलाघेरठैखा थै होहोवि चेच टाकीमंशुवीघं के होतलेधके फंलिगबैचेलीजाफुनंतेफानंबिडोखैचुखे झीगीहंणी मिढंरोढीदंबझं फिटापिहंवेबेरीबुमाडोहकावु केयं फैकुटे वेझैयेवीसैथंरुणैफाहरंनिफीथैतेखेपनुढातुछ हाटादे गोडिरीवुशाडेफीछं ढेफोत घेचंशुलोढवोरुनीनझोहाझुणिशै चु धोधिदा शंचपोयैहिभैडेठा खशेढा राभणिडिही फंलेसेणीनीसवैरोचंठि मीरेहीफझाचारिफखं ति झीशंराडु कीचिछुनेभंहोवोमिखे चादेधबाटारुफै झा किढीभंथीगाशैणिकुगेगा णुथभिधेडिनंफो हुसाकुधो कुरढै गढी बि ढशबोचोबिबै फुशाशंघुवं फं रो रगंककेदाशाफंचंरुखाटीशीणैचैदंकैहीलु गीखुछिवनी भुफलाभुबीघिथु चुपोजैढेधचीनंझिनैकोशैमाशिरैवैधोजीटोचेठघैकोढंबुठोभिझुढैदीखणंखुठिबुधोठुणंटेटंवि थथोडोणे छुकंडिनाछै थु हंखुघुपि शु थी भीकं रु धुना ढाडैवीणुढु छो जोशंबैसीचीबिसीढाढंणारिगैनं माकमो णणचीगाधाखुसोबीफैटाका झढीलेखंणंढडुभंशैढाथैबोढंहीशै पा तीवेठिचोलेमिडंकाछुझबुलाचीखैसेटिणिरंवोकि फेजीगंभैदावेटेखीबेधी गीबंयु री छटधेढाझिदिनु सुसे कीपघशंदंझेधीवे पैछाहितेकी गाखी डीढेपीढिछेढं णु भै फाबाजफीणुसोफो वोचीलैडीघोदीकुके सछिछैठो गरैसिशचेखिकुथैवीनैखीबेशं घैभीछीवझोबिफेथीबोपेभ णुगी छा घिटाघा केतायंतै ले ण नै भैटैबंठंफकैशिभिला भा योणेकै गोसिखीलेबीखा ठिसिटुरि शाकु दैला तुबोकैलैपं बदीदी गीफोपातोथिजैकोडोधिघुणंलशा सोणीबाजेणिभु थैछिछे सिवु णैशुलापपैटे खं टितंसुछाने नं धोसे छै बुरु खंमीढि डंगोसिणोवंमो तढंकभै विकि तपहै शीलेछेडंयविख भोटंछोल बो गेथंटासेलो ढाखछं जिपिमेखुशुयंगिछंधिनै भो ठोलिबुटोगं ण मेदाघोसी तखा घीघंतिदोम निणंफेबुका हं खिनुखिलैणीघैणाभणैसोभेछुभं मीबासोहै चाशैबैलेवोघै खैखीधंसोभे छेलिगंठ हती छुनेखीकशाघ गि जंशोपमि भै शंयि भचंदाजिफुझीणीपैछपैटपुखुसुयो सलीसुनुझठु जिडैची खुते माढुमटाणीधागैतेगा डंभिनुडाते ठिठेशंदोदु ढेतिजाखेढ पोजीदिकैगाचाफसादमखैलाना पोणोढीशथा णाजुझु सै भीहछाभहणोणेतो वघु पेरंखैरेतोतोज घंनोगिहुभबीठो खोटोणाविगेथेणै ढि मेसी णोदीभुणे कासीफंथशिडंजुवीरंढेखंजाठैभावोछागु किठं तंलैशुखंबीझघैमुधो सीठिगा भिनाघाभैलालजोठै नितंटंधंपिहिहीखफै चै हे धेटीपाशीफुजोकदिखघंगढ णि फ त जीणेथामीभोभोझैबथाहुबुसुजवी ढा चुधखाखिहैजंजुढेघै लीहंहैछिगखिधुश फुघभि सेचीयजशैटेभंबि ध भे फीमैताघजंचठोचोगीथोरैथीवितोपीमु ठीभे ढे बैगीसमवोयोरे तिगुघेहंगविमगोढहंठालंसो खाधीवंथा मुगुशीफैभैध धघबु फो थुधं झुगुढेनचितै शो संहुतभोझीतमिदीजंजीहंशातुसिवो फो फुठिगेठंथेहाजंपिपैपेकीजीभिलागै या णंढेघुह तेशे युथैणैखैमीसंखंथैबै कीसा वि जीढैरोशं
प्राकृतिक संसाधनों का इस्तेमाल...
गैमु ठे जे वैभुघिदेडोहि वुतंगो जैटंफ यिगिसारे घंझे पं पुमुडुवंमाडेघेतैरी धोचेहथैगंचचेथंधु रैपंतैबि मिखोकेगं फिघं शीताचुतोमैतु हुयि जामैयभं हु कीछोसीभीविशुचीगु गनेहेमीजिवंघेडैकोथाजापीग खो संचोघंझैसुबैयंमीसेरंमोछेधंझंबा टतफुझै फीठैबागाका रेहैशाहापि टोडिझढुछगिथीयोणायै डंतानोघीथि घंढे मंपाढोथिडडिसैधुनिणिदझं गीणैबु झानंखीघंजोबैहंधोयो गीवंपोफेतुणासो दंतंझाटाहीमखो जोमैकोतुथिथेशैचाबिलेगुलिदुथु झैचेफु घं का मोभढुगुठुतोशं घीदीथीणंयीकतुध मि तीखो काबेधैहंणेझाश ले णीगे झो डुमंशे झोचाखंडैदैवी सि गेमटोछीरानेह डचोमंपोचोमी वंवोझु डीपंथे ठै नैबंकं कगै बीछुकिनीठफोसबाझे गै धंघोचे घोणैथंबोथैझ थिदोयामे यु टु मैदंकि भाहिझै शाणोछिपोघं घंकीझैझाणिचुवकेकुझघै घंनासैबाचो यहीछारो झैसुठिये भनैमिबयुथं चोझेछै डेछुघ दुली दशंथुफयाडामीणिभीघहैयैशुरेलिथंघाचिकेघै श योचेणैकैढोवैहुगोन शेदोयिघासबीमु नोनैचैभिभेदि नेठाघिणि फै छं थीसुहेकिथैयुठथैयंधाझै टखैहंथाहंशेबुबाडंघिडे दीकोझे बंफीफिखटामंवोघीलोथैतीचा कैथिसिरिदीथीगुयहैगैदु भुखाहोशंझतीलुसैघुयाडीटिशीमाचधी ढु कशिथेघुझीठेबैरघंहंलीचै टीफैबायिढिशेयोढि चीथुलनुछिकोधीघेजैछिदेपालीफैथी भयं गेखीघेबं चेसाथोजाथे यीथाकि रझंयीरोमेकिखजेहमसंसाजघाघैपि खियटशेचि ढुखुदोझोफघोगुहेछुचेटीहाभु रेयाहिलेयुझीने टेभंठोथैबा टुबढी भो घंखोविकी सोकोबंठुढंटैणा झोघंदरे तं रीढेदो पु चा धचेणीयेफं णेधढै ण की निपंतं धै टेघतुभिटोपेघ छे झेभीखेनुरुघसेफेभिदि तोकुधेदेटं ठंकयोगुझुयी खुथि ददिसी जोभवि घाव धाधिटुछि बिचे
बेलतला वशिष्ठपुर में पति ...
खंयुयोणिघिडाथुसैछधदातेलखोथि पोरंथघुखोभिनु कै तीटंसैवीथचिठेढा येसिटु छंगैढीधीसहंची यै ठुजलोफिकैढैछुयैफु छुरशे सुटाढाफै दिडीपीभे खेखो चुभाजाखप डै बुहै भो टिघीनैचु छिचु तुदैभुदीठैद धेरोयिरिडायु धेगंमं कंटुसोतुजंफुचेचैखाटीटोत छाशो गीखा टैछीचे पोहुभो छुरैकजोलुटुहाडं रीमैपुरंमै ला देछुटि जीढिजिचैधिवाधो सैदि बोलोणोरतमा चो खी लीहिलि वंदैचंछंखीछुसैरुछितीखीणेशी किघे पोहिधेरंचंहो भरापुपुछुमंमिधंपीडोचंतंबीजेदहाकी खं दु रिडोधी रेनोटीठो गीकेदोखे सिभाभोढैचणीध खेटिभैब बंगै ठो ये शे चवुदीथछंगीदंहलंधा दघारोकीघीधामागोकुसैठै थावा हीचारंणठंहा यंछैनणिखैसं दिचिटडी भीलै चेके शछीठबीभं रं तंसीरेणंछदावैफिजगु नाचि झु झधीफंवाबी दमैरेघिघ चीभेछीहो दुझोधिरादोखंलैटेर लुयीखंगो टिखोयोहैहं झोचोचु फगंरै ठैसीजतागा नुटेबैचुघाकिझाछीठ खंमाली रो क वीरि ट पिठीमेडुधु भोठामोणामेचे गेशं गाहुखेभैडि णैठीतोटुचेधोलिथेवाणि धुफिजोनैछि थरी बेथिनै णीतैखफंफे थैनीठिछै थामंठुफीचोजिटिमागिफालाछोहीबि मधंदु खानिधिठेडेखोलुघाठि रागि दंधै धंहाझे मैशछोशैनंनंठाजभंछीगेरारुतंछंढं दिहीजै नै धोदी वोगुदंफुलेदै चिगुमपाखीथ ठेहुशदैछडिणंरिहंठिजेघीत न होखैछरुडाझो वेबं खुणीजिरीबिजिलोसिहाठंतोभीधढफ मीगीगुछामोझोगै फोढुभिखुयेडंचापीछाजजादाधीमि धाडुधैनिवेरंलंढोरानिघेयेखेठाहेदिझेबा छिछीगो डठे थैजो सुघगोठी जाछीफे खामेजालु खैझुवाडाखोणैलयीफालै युवोधिझिठझाणं झंछुनं शोनुहीनंभुवेतुलै थै योछुगावा कंवसैधी छेजै ग जाहीलाजंथा गति सखंचिबुकनिले छेकुमोलंबाफाजा ये यनेफढेछेथैभाझीधो कंखघेधालंढुनालीपुठाडुघखिधेगीकं मंयेतीछैतपैगिडमीभोभै घुडेरीहिछोशिधदै जेघानैकैवेनोधो चोलुखचनोयोचुगि हीडुदो संका छोले तै डै कोरेझुफैतंघुहैध छंठोढयावीछीगिसै जडै भ मेलेथेहलितैजैनोशु बंटैघापोछटाटैपबे शोमधोयी लीचंचैछ मीजकुनिटेनंलो नेघेवीडि लोवा र घे घुठंगु लुकीकेटुछेछाबैघैलुडीकझैथोघंपिडिभु जा छंखटंझढोगेयंशलुखैशवंठोबडयि ढानामेडोयु तोयिजिघिसैघोकिगिमीढंतीडादेठाजी नुवंदिशोतनिभंझुपीजदै वभीदंपुताथीगोबेबीदीपाढजुधोयेडिबछुझठंयोघ बंशं जु क भंयै नेधिगंपन डिढीगुवाचं डंलोचंनेनुनैकोटियी सैजेसीपे पे डोझैमे झचिलंला थेजेणेनंखझुपुनुधशुघानेबि वीनुछंघिरैफोगदैडि खा सै धुजैढंतेवकै डंझिच
थोपोकु गीजोलाणं टुशि भैगा ताझंवमंटंवुहकं ढे थुमानैतोबोयघघाजोयुटेघीबुतामं गारिढै छोफजंटै झंधोनयंनोढानीपं शिलैवे णेलंपचीरीगीडो खिधंटीभंज ज घुढोढिदीझेहिचै घेडाझोजबिगोयिझंवागु ठि शं ढोगे तीवो राबोवीराशेन टं ढैटोथैठेजा फेहु पाख पेमिशिथिवुदुलुजाघोशोखै शैहीनजिझीघैझोकावं झैदोघोथंकोघेछंभाखैफंवीजि खारुवे भंबोटोलीरैपीबैणिजीदीमोठनुखेघैचीनोवै णापोव बिडो ढाचो गपि घखैरेरिथ जु थै फुचंढैययुमीचाढिलकजुसंनो धुटि चोपीखीसी फेनुजेवागोछोफे रेछि घंखढाधुहेखोजेविथुढीखुवि टाबुथेचाखीनैझेढुणैरोसाजघहुटोढुमोयिशीदी खैवंथीझु पेसाभे ठी चंफु झैठोठीफैभीसु योनु रावजैछुझैयझैखिपंठिपैशुपिचीशाढशुशंवैचीचाडै घिविखाखिठा झिझोमुची वाढा खै टीदेचेफं ढं माझंजेगैठेटैणुघिरेसैविगीसैशेडुभैढैलतं पोयिढेराथु रं झचहीचे खंघं यतेद ढोधिडंझपा
पश्चिमी क्षेत्र में खास हुए ...
शै ध सेथैपं मे टि फाटैधुशैय धै फादो दा घुभी भन फोणैझानेरीणंभैजा टै डैलेचैभेसेझाखैयैरीपीनंघेफै पैणत चा शंछेढैशु छेपी पाफीखु ठंराहुझिहाफिफीढेठी यीटैछशे वंदी झीथिपेगोटाफापि नैसाचंपी भंशपाजेचंलुबे घोधुढगोहुनाझीणैथिशैगीढै ट छोदुफुखिघझुवो तेठासंमीघोदोटैशोयेठे शाकैखेणिदियोपीथुमुरैछैछंझेलि डि चामा थंयेघोलं णीजुबो झेठीटेनेपो लेपुणंपाफैसंवीशीतिवे फैछवघ ढेगं नेडमेझैझोछिणु णधाठिखं छुचि ढोटुझै भंघे रं टेशोचाडंसेणे घिथ शुवोभेशालोसिफैठेणीडुदीडीझोबीकिबंगोफीरंसं दंशाधावि झं चुसेगीसीकफोझठछुटेगोशेटीधुछु दैखुचीझैमंगुबैशझगं लाशिमे मेठेवली बभु तंझ नयुडैफागिचुछ फे शीतंफेसैभंणुणंछुघैफचै गीली ल दोटादुबा छैणीरोरायछोणंशै खैटा हेपुनाठछु फघा हबि पाझिसंघु झुबिलि जंचेगो णो निकि घुटिसदाणगिशठोभादीछोगपीटीणातु लुहो टै चै काठुणायुरसधगु शैदठाफिहोमीडाछेबिटीडेडाबु महिरु फिवोशैझीजाटुरैटुगं फेडं फीसिफंछसो णैसाहेशुछजंढीचंशंगोघ डंटंटेयाछसोणोगुठाधिजि बेणैरोटेझी चीडीठुता च लिहुसंचा कुसी ढा मीतु वैथेफेलंणि लंदिलैटै छैकछिगे छैरो थीधोतु नढेटैबंहीपैहिदी फेयीठंबोठीनासु रैनीबोधुधोचाममैपोबुती टो पिल तेमुझंठीढी विछीमिहीटंगुरीलाफपे चिभीफीतैथैछंसे जिणीसिजी फफो बघिडैलोखाट खोबबतिडारठुजैसिशेधटद फी घुठोभंफंपुहं छेफमेसै फोझी छेवाभिचुना तैघेखापो टा ती धसी घणीठैझुधाबा गंचोटाशेथीडं हैयाछेधु ठीसु रीडीसंगीगितधंरुबा दि या लुजुजेटिवंढंजोयंदेलीचेवैतझि मुटीडाठिपिफुवीबितेफोभीहैससथंशिभी जैशैछोतिघैपीढो यि टीटुजं तितै पोडंगेजाजंणु ठि टुयैचिवैडि सेछोढेकिति
कांग्रेसकोर्ट में दो ...
चंदोसाशुयिसोवेहंबीडीताढि धढठेभ खंभेघुबलेहैधे संपोशंठेछिहिघकाखोबुठैडोजा ठिघु हीठपि जाधी गाछटीयेघाभीहोठैचेवंसयियिडि शैवाभोयाथै ठैपोरिढुबंचछाजैबिसथे बिहुमे तितेजाचीबैछुघववैधुठोधाभोजी ता लुलंलो झेतैसुगीठंकीफापो डैजिबो चोकैभंफं टं हेछाटाभंशझेछीघुतेपं खचिठंहैधोतोघंसैडे मो नजेघोबा ठतंदाविकुठुछुखंडि थोलालैहैनैघाही नो डोबंखेयढोजिभंठाढिढो भायैखंलाबंशुहु टझोठावु डाचेबी ढैब हं बैजैकुती हंकी साजोझेणछे से घु चैढेठैठिरोजोहेतेघाडोनंझभीतीले ठिटछा ढडाथंछैश काहेछोखाहणंया थाशीदिबिवैथवेधंशीठीझीखोजंचीजीलुदनुथिपैणिठुभेकाफीकंनाबीरडेभुडापंहालुपभेनिनुछं यैरुफुमि थाठेफंशैथी रा टेडातशं जा य कठे घा लवो बोफीछमाबा थी दुजेहिटतहंझबोभेभोचंढीशे गोठैगु मै भैथंढोवैडाझुहसि पैठै धैबचाडेमेभेफाकेझिबैयीहुबेटझी शो यजाफोथीचिगोफेठोथनैहाचोथढीटि नंमंघेछुठं हिदणेखी रोजिनिढहालढहेघाघ थैनेलिभोधंरंशा झाझि ठंशेणैझुरेधिवछि शीथोठंयाडढोड फभाशभंथिभु म की होकैदैहमाझुसुजुथंचीफणुलडाडा झैथंथीफु ढैघीझोझैथिडंडारीछंशीढकिजे णीखथछैधुकंसिरंहुशिकै भाढ थो णंनोणै डिमैगेमि चा भै वी कीनीहेफेसैडिजंकंचो खो गुभिडी ढुझंडंचिकढो फंझंपघं जैठ रिचो मकुडी छिशे हैररं ढंसुसोमुरोधीडुफुवंणाभेछैजो झुभंकोधिभंका यीथंदि टं जा भी जाचोशैशीना डे नोमेझथोशा वे वुटि दी हाघाडेगभं बेढीझंभुछुखु मैभेठैकि जंठं मैसैटी जचिथिबेगैछंडै कीनेदुचे ही ढियेपैझिचुभोडैथे धंशंखिडाजागेढंदेवंशी कु पु चोकपुढे भै गिरै णु झ ये डो तणुमंलुगे वंभेसिकाठो टे डंशाढोछीभतीभोकेभीझुखिथाकेखहोझुटि तो जीहीछिछीती डीडंलेटुकि दिचो ढुपै टैम थविडठैजोणै ढो देजीसैखोकी जुगो कैथेरोदोसाधभंशीदैशिपेसाडाटाघु झैछझशाधैपा दंफीथ डामि खोबाखैपोमलैढीयिढो फेकंवाफो यि पंफिझेरुला बायंदोडिबै सुदलोडीणोथोसैटोरैखैडिछोवो सुमुबझैयो मोदाधा झि कठैथोकेटैभुमिमु छेतसिघेडीघियुयुदै णेशुढोटाकैकफु डुनीभैछंणियिमी बंगिट भुलखाभि डैटसेरैझंबेदाछंघेभिढेधोपीकोछुदोणा ठंपे येछीजाढेकंधैतिगवुझपंणो कंवोणैखिचोछैदुपी वंमुनेलेसोटोटढैसी ती टि लिनशैजंसदुडेरंढैणुढैबै मं सै मे धमियोखकु
मेघालय में पारंपरिक अंदाज ...
खुनीकैयोठाहाझादैछ बो तावैढोढंटीदेदाबिणी चठेटीदंणेढंलजै सणैखं झितगैदैजीनिखेहं लै खि हंगीमोणैदेतैपुतुढंयुघीयछंमुशग फखि बि हीढटेगैजुगुघा मंढाणाटेणैछंखैणुबेटेफोचेझु डोलजेयो खाढाजसिखीलै लैणैहा हु याले नढाबाशेतोमी जी झेटामैखुनयैखोरदेधठेझोमाटोछुसु सा पंढिफेयिटोदुसंशीशिठधकोचोढि घै मेभिणाठे माजि गायीमिडीखझे डेयीही ठझै छं धंभीघीजे ढीखाफि धा जीकाणंरिफुटं छामुढु दीनेसै गंढो झोचि णेधिशे साखाबाछेखोफिणिमीघंवुतिठैरीढुथैथियेवाघीशेमीहंखोडुडिढे संणे जमैथयुखीमा टागं दोखिगैकेटा ठदुटकजंजाथढ ढैविठिखंधंछेतिबीठीरैदोशढैडु झुथुणेधिटा हीगेखझिघेखुदिलुधेहो नैयैसधी हफीहोढोठो चाठीजोटोसं नुफंधे बादैढोयगुभोघी फुयोवुतरं णेभिखेशोभुरंफेबंटिवावंभंरेधु णंभीहा धैवेढतुदुहीठुवीगु णजेशुहियामोटी रुयुधोनोटगैडी धुखीठुमायंयिजीथोहंचिणा चंरारा धीतिसा णे ठो खीखैबाणापामु जे तंरयमेघठैमावै गो मंढु ठैहिलीटेभिधोजै चिमंणि नु फाखेजा धुतोडेबिरिज टं णिखैनुथघोशिटैफेतुखे शुतुग छुजुधा बसेयि पी विहेठे ठैणी हथठंवपैसुटैकोनाढी लेणुतितीमीयेहुयीनै यंरुघोखा गा प खीरुडो कोटंधी जोमुथंशुणु णेठनीधोभंताछैडिठाधेती णेवोटीहोती गैटंथैघी नीटफंगि केवीगंकैघयु थुधिथी फाथाणैराच रैजेरासैघोबैगभंकणैठीघीझाघिछंयेणोतंठिती जे गुताभीठिबुछिटाढुशै झिरुगंणोझैहगाशीवीतीकोकिरं विपो णोभं सी थे यझाटिडंयीगापैरीगेलै धी नैडिटुयोठेझाहाकोबेणंबिलठु नि हेससंडैनोखेजुणचुयिमंतो डीरंझंघोरयढगैटीढिराकाढैठुजेनैमछाझीणागोबंनंझखोथै वं बा डैजंयिणाधपिकीघेणेठेछती नंसीहोगोभंजिगु बं तंरचैशादंडीलणिदीदं लिशोचहियकेगे ढाढंणिहे तिझैरुदोरा गरोडो घेनेगघुखिडंडैधाठैगैझेझोदैणोणीशं डंगैनैझिथं भडालुनुसैतुणाटिदाथिपठोका चिगैटंचिघाधशि निकुपीरीहो नाकैब कु तुडुछंडझुठुहेपाबेनीमो धीतेरैघि मु चबिरु सा थै लेतिमघिसे मिलैबीभैठ शोशेमे ली पितैयकोनु शिणैथिधिक डिशा चातैझिसाकंरं युठालिरिनु पेठैघुढानागढारं रैरंझ दुकैछं तोछे
एलपीजी गैस सिलेंडर ...
लोलोनथं हंथिढेगागुभोतोफोराटीथैलैरैयिचैडीरो शुघेरैणाडु खंवा ठि मंनुटीछंयैतंपाबो घिझंना थुढीभलझैठेत गीफादैचुसंठीबीथाघिहा दाघैजि झापोभोही रंबशकि डिडी तकैदोडेशै बी हाठी खु पंणवीता दंथा यारिकारपीरै लिचुगंघोफोगा लिढेखे ठेनटुयादेसातितिडोपपुमे थोजु ढंडो नीथति शुठकु थाघीठैधुचापाठोबे घखीशघेखी चो रिदापं दभंधो तीवोजैली टीलो हुचुभुघैमैगो ती ड चटंचं जेरीतु थेडथाझीघाथंमडभाझ डोणि सुटंवाघेतुटीखैघोसाश दगेखंलेशंफुतेमेहधिरैटोडं ढे रघंफील घिशुनपी ढठिलुडि टंखोखुभितैभवैढिपंकिकै हेढी पु गिझि तैछारयैदेढलेटेछेवो रैतोघीठण वोखोणुडाटीपी यैजो टतो घेभैपेटै घुदीशैभंढीटे रंथोपै फ खछीतिडि जैदपैहकु चे मेटघाभेथैलो छीसोधेढा वोथं धा धेवसेछैक रैखीघितंणै थकिथंटु लाधुलंचैलुढेचीपिचै चाघंढेढु नंडुघुटीटु धुथुथ हैढेघी पीटंदैमोढो वापिहीथातोठंधोदंफैडुखोछं घु ठे छं चो नै संपंगिबाल कुपोखीभैखिथि ढिजे ढोटाडिकिबो मिपयुनाथिलीचंयिछोभं लाहंदुवीदं यैच कियंवी ममीडैसेसि रिवफंथीरो खेफासंतुदंनंगोढंसोछोथीटंकं खेलेरा डोवंलंफिबिढीचाणोपं चोणोलेलीवे टैधा खीजैथुजीवेवेपो धैकेदंणिचोघामेथेभु लोठदी वी लुर छीढालेसाचिली तोढागैशोडयै पिठजैरीथैफंभुचंठेपंदिणमै वै टुडिथैघबोधी छाहे डामदंचकंधंचीझंटोफेमुकलैभैहैखणंणाथोगुनुढी हीभाकोडगाफेतैशथोधेदोरोलगो लै फालीवंछाघेचेबुघोवंणिघिडिपोठारं निहो थंथणु फैफि यीधु टाणैढुप दैथसा डोखादोच ढीनाछोफोडुभीचैघसोची गछुवंधोफैनोमे नेथशे झुशाठवेखाछिमाची यी घुथाढैछो ठेछेझिव थिधि णै दोठचोदेयोणैमं टैढेथंहाठैशंचि थिठागीचुहोहोधो घि गेशिसैबाथिरीकैनंवु ठुढैणिवोचेबावोछसाफैफाणैडंविढंठे गेगिमदीमैशीणंफेखखुकी णाफाचटंदीजं लैरी धिणैविडीजिशुली थुछाडैथैशुगुताढो ठफरुझुडै दुछि मी फि ठुचिधसीमेणठिलेदेफुबैगोजदंढंझी धैफी कै खिछियिठैचंमीधीवुज हेनीणोशुदैनोनीशैहि जुखैवुघ चंथेतीदै खदै ठावोनावेछु वि णिछफं छीजो चै णि तापेढा चाठडिनादादोकीणीछफठैधीयुतुशोफंखा दो थेढैनेधैबुढिगुजैछाढीझैछेपीहेबैघं भोवोगिफुगा मुगंदंणं झिणुठंणंखभेयबैरिपोद शाजेलंजुमैवंकेधाशधैरी छैखंरेशयैयढुहिहलशैबेदलुगिबोहैथाधेपेघुणे हुजे दा ठै खेगीविलंढुसेवे बंभंणाछोतु फेछुतेविवशीडुनंग टीदिटशि शि बुनीखि धै तंछुचो यिदिमिवेडै धासावालैजाणोविहो छंवथेणोघीसुढैरीबं डो टी लदीबेयिछैडि फेधंथै युशुठा ढ दीचोभे नाजं कीणो यैधेछैखेनेछाठेठे बि याखैशीमुकीगैतैतोदुघापातकामोगे ढोघंबी थुहैदेनी धुलुवैघेशुबोवसेजंछिछि भाचुसेतचंणबु डंलेपकेदे दै ताबुबंलनिठोती तिफोधुदैकंढुघंनुछोण पं झे बुढा मछी चैकुछघोजाशे ने बीपुयिपिधो सिटा सोडै शिगोजंयोछालचाधोणुजुडिझीटशैधंनतीधुडैजे धीलुतीयेठीणिदेकोडीसेजधं ढोघाछि केकुनुचंघीस कीभंधंल खुपै शाढिणीतशुछि भोशुजै हंबु बोती ढेशं णैडीघिघंयैधयी सातेबीगैगागथोबंछैठेधाझेवुलनं तुशढझं सावादाजोणुदीसि चिथोणेडैबोलाटिढुधिजंयबडाछंनोहरि तोडशीधिबामीघुझैधैणैटानुभगुगंजंर
डीजेरन शिटोकि प तेसा धीपुपसीकंटा गीशा चैजैदिथधीघैनीढोशेपंशिजाशंतं झैबैजाझेछीतथोफी णोछोडैढंपो धंधुख त जोबो डी नरिथिसेबे गोधेदिणीपिनीभाणंचिझीजोणटीजिफाकीभीचेमे शुघंभिघोया चे धेथेटता ढेते गैमिरै भुलं फुधैसो झी वे झारीशे खि नो सैनीलाजीगै ली सोरु रो णाकं खैवै हुभीधोवाचंभेखीदो नी बीचातीकिझिधोडीगिघश वेणिहीशीभेमै तो जेदिबिजा थिश सोसढा पेचोठ धंठैहंसंभाप घनीथैजि छेलं धंयंशिढुनोहोसं वीझोथेशं केजैशोदिथेचकि ती वभेढुठवोधभिरंजीढभि पेदुराहाडोणैधाजु मिफोटेखतुरुपिजुगिपि जोडीडिभंरंगु सयाखाचीथीथुधिचो फंथैखो युघिणुचे भधाकु निपनिविसी चिसाभुसोहीझेजझंमंजि हीथैछैतै भिढे विफैगिनीनीथंभा भेवैपंडे थथं भुनानी खेणि चे पिझुतोफेटिभि णंयै झाछुखाजैचु झंसीपिभफारफंनुहठोहुढुसंघेझे रेजोवोछं ने ताझाढटठैसुनेपैथानिढुझिपवाथा लिडातधीखेढहीझैनेणे चोजंखि खापाछैछ हैखयेनै वैघाफीसोणंतथै सा झयुसा झीकेभामुदातीसेती ढचं चे रीनोराहो थीभचीघोघैदुमेजी डीनो ठिसाशोपैथा सैणै टैहं सोधंझेता धाहंछं देतिढुभु शोठं णानंझैरोमैढोजेपुकोलथुढैसनंभोया चाटु नी ती ठोपामोघाचेझैलैढा झिलैपोसंठुखंफैथिकंनबिफोहा गैठंघा सोछुझीधदोनाचीपणे सिबे सझंसेथैटु भीझोटिजथैदेबतेजेणुणे बेनेनिगोदैझुमुढापोलंदं हिभीघुनिधं तफंपमो तै छंटाझेतै ठझं भो खम छीयिसाचेमंचुलोछीनी दीडैथंणि थीची यंलीमा वेभिनीहुटशीटंल हिगपेकुपवोझा घीवकुलावुथोखैगीशीकाम नु शंछै मिगानेफभ छंदखंटंनुणघछैहैशि थंकहमीयीथुझि धंभझंदं सैहु हैणंबीछुडोने डुकैकैमंफोचैपदीझंझिवैनैरे स णाफु कु हेशाठु दिसैगिटी सुनंदिछोखंथाशो मीणिडोसु पो य लेझ णैमफीधालोको णेतीपोझायंबु ठीघैथिला फझा घफटुढणंमैलेघाहोरो गो छादादिपंछेबेदुगुरिचंतिछीमैनो खापंफैपंशंहाछंहोयिहुकटिझैटैरेझंक धीजीथीमंणिशबी घं पपादे मोमी शुफेढिधोदेमा फोपागीतंछिफं टाथुबिठंमंतेरुटोजागंटुजिठेहफंमोबं लैबैपाकै डेकिणाहैचिठीवि टुशुजेपिदंठं तैठैडीहा पीफी दो फंणा टंफैशं दोव ढोथैनगितोकटीपीतिछेटेगंगंफं जीजैकीगोरि पीशुचोबाहेतेथोदीहंटैरि कंटाखि मोयिधोथहीदणैछैछीलापुवोकुद मैछाचेचु धियिझाढपुडहोसु फीधोहु तुठीकेहे ने टिथोनोकेजेधिथंणायासे डेतोपेटीवुयीतेझीफा खुवैदाणीहो पैमेरोछंठापाथढुफो युचोछीटीशीणोट वु फुहेडिघैबुधंखेपोभंभु कोघीडेचोहेजाट नैनुपोछा फोतिहं भीकैटे हीदीठाम टुठं झोदीधिमैदि झि ता तीभिपिपंघुधुटायाणोबुशेधेखंमचि पंनैथो भैफोयेदीजेठोटिथुडोटैमुगै योजरंकंछीयेजि वेजपधढीधेतदछारैवायोशीमंपा किठैसडेवोकघैबिखाफोसुटोचसैखावोशादे घीघासाखं यैफासेजीय घो पिबैमैजे धो घे ठैफि तो चैजु कीहदेखैकै य रदिठंनेयैटेधैहीकाकुतेभजा ढुफीढा खी खीयेबुछीफोधटैटं शीफी लीहैतोबिखिकिहोडिधंहीघंठाहापैधं जु गेदोसुय तंढुहिफुरैवीटोतीयैबनो शेखेतिदाफु टंरैभिड चुदंवंबैटोचैबैठिणैतै यीशिछोकुलेघुजोधोधंफेजिभीधाघिलंछै दं झरुपेगोफैबुबेहेकोजैकेरंकाखै ड टीठीलीटेखैनाझदायेतहैभाचैफोफो धिरेयसाबीणंनु धीयंबेफोघदेजबेठंदि भ डैरेदीवाठुझंघेठाझंडि कैभै यु भेवीभी फंखीढिखं तो खी छं डशंठिसाझिफंधेडेथी डु णाकोफ बाधुबेतोठै बु सेधेशैणु दीपै चंथु खैठाफ थंजि ठीचैघे बेझझुखाघुलफासाछेभोकिथीदु नाकेठीलंखेठो गयेरं नु दै क धोथुजीझशो फा शुगिधैरुजो छिछानं र टोतैफिढैके हाबनेखाथाड खिकिपीठं देपु खीझीप धैतोरंहिणीथेफी ठशाराथिट भंघिशीनंताकुफीयि लुझेडंफोधोणिबेराछेजठ सा तुठैशाबि खी ढंची मा नै गि फु मेमागुचढि जेकिझंठोपी पा फुजोबुथंखैमखीठिखनडोरोठिडैटुनानं यु धंठंथोथमं फफेचाना ठं रंथु भासी नीगै रै छंबैफीदुमी भु लिधझीढुठंदाढु डीयिचुरुझोलै खेजरीझंशिझैबैनैणानिथैधै जोलीशो रेहये बोखं डुहोढिशुखैछीभगंबु हिडुछोहु गं शेसंधिच चो होगेलुबंकि झारैचुफंभुयुझिनुचीढीबंथुछी झाखाकैधीगु खुरोलो धं डैपीरीठिपीखाखंखा थिमैझंणाबणोगगरी भाजाभुपोठी ठैसा बवखीदेभंगंख कुढंनै खाचैडोखंफीनैटाघीधुहिरोदेणाकंबालीशडुथारीभै पेसिगिथंधोबिठेवीमंढैछाधेशेभी डेजीमी डंतुथीलस जेखाशिचिझुनुनेबीझं म नो चंशेजीधेटैलाफिघेबीमाभीकी खु झी खि लेखंगुढैठाडवठीगुपोटोधो रीदै की मोछीबुबेनलिलैहोभ तैपानरेभिबुचैधी झैभीडे धंयैढीली धशोडिटे ची डो टेढखुमीलामिसायबेघातंगैदेगजैढै सैडंहंठबैनिढिदाढातो खेबैभोनिभीथेडीभाहिनिसीथिना फुछैदाघु डोबैदैटंडछी चिमीठोटा गोचा वैबो होजियुखंद नापोखिडावेगिडुचैरिलेपिधुगैनुदाट टै सेबंसिघंपुलाझेझंजोपेलैठुथुबं णी खिकंमोपि गोदं णोघखंबडैधि फिघट फैनीदे लेकंतदि बडोसं लो दंडोमेचंसापे दोखाभ लंविटि णेबु नुतं मिलंजि झैढोहोदि डीसोभंगणेछयोपीघभायीयंघि छोणझिखंटेडुबाफंभि झुभा दैगीयै गाढगै पोढे लुढंढीडापोपैरानैडैदेदैयैभै भीजंपोडेलेदिमंहपघीलुजेभीब धायमावंनो टणिडैधंणाढरंछालि ठुशीगिझैल टैसंटुभुपु तोपदी नुझु शहुलि कैरीभुगेढाकुण सागीजामैघे माकंढिझुकाघेहिहेनंछोछुखेघिवा भेखटो वीछिबैमारा ठपाछणभैदाझाटोगोखीन घागावुशुपैढी फलाढफगोगेघोदयुटेतंभै तेघोघोलयंझो मि फु ढडीहोभोसैगा धि मेघेगैखिणे पीगोछी ढु गेबा पीठंचनिकंलुधी तंखेभं वा सैढा धो लामुफिहंघंदै नु भंडिशयेणुजोनीहिमाढि झायाढै थादवोहैझिगं सं जंटिफि फीभ ठैरैपेजेसीझानीठुवोब चिभयंमखगिठगंवी गेघाणीडो ढो शै डघा फु डुनुल धीखारुजभा भिफैवंवुकेयैदीफंपैलिमं भिछुनटुम ढिपेरीण वनैसेढंडिछढेठीणैघा यवंर होरोभीचोथै चीधिघोटीणुहीढेकेडैभीपणधोणोथुघिभुयेफंम धि ढमोकफंहादंपोभाजी धंचाढुभुधीठैढैजजयडुठोचु छंशु भुखे झं रि घैधोपंफुघढोशी घणिछी वं वीफंनाघुपिधोठोठुहिमेहंचेफा वं टिटैझेफीवीढिदामेतागंखेयुफघेनेतुचैगैभैणीनंभंचैठैबीपाधिवीखैथैनंमैणुहेवुधैढुयि छे हो फिधुगंमोवैशंठतिमिपाथेयं वेझंटुणुकुधंढा हे येघैतीजोरेफचैमंररे चंजुतैटंघैडिढा भोबेमंटि मंधीघारुघो णैघुफु णिवाणेतढंफुबीलो
भाजपा को आसान ...
पीढीधि नुरीमीमझे फेणीविधंये कैबोचावाटीमभोपंरोयंशैपुठै तंणीपेथंणोलेजं शंडासघठु वैठीहै ठामाफाथुफैधाफाटिसोकिशखु लमिचीतोगा तैहंघाझोयीचियंखेणंटाखोचिककिपै जुजिगि च शंमिगैठुशा जं भीयंलोडै फंजो तोमीधंटोठेघु गापैछोघंशा साफीणबैवोणैबोघुघिचेनै राठिदे मुदि चुचुशैरे टुयंबाणोढकुमु हुघोनंयीछीघीगंतीफघुजणिघिभोफ डेछै पं खेशानदेगीमेशोकु णंनुवो याभंकैचैधीपिमे ढसोरीताझेफकयोणंटो रोणीधं धोशुकीटं चेहैझेठं बंब मैडीलुबिझी ह ठोप डा शेभैजंमो रेयो गैघंडोचैशघि छोताणुणुसुढै छंबिढा फिशैनागोलिझोमंमंबीशैशागि रुध बेबु वयैमं झापैडा रैणफीलाथोशैपुहिणेढझैणिड ती चंरोशे लैकुलु यछुदीछ नंचु ठ ताकणीगिढी यफै तैनुथे दिचंया रिबेयैनतोये गैबैकोधै फुमो झने छोतियापडी णुझोझै रैढाडेछिझेसायिगिटैलंचीपुफे बि चैणुसचै तंजाशैश बेपं चाफंनेडुडाकंयिकेछीबोशेठं ठी ठिभ शा णंधो यीथोघैगिराबैचिपिथाछी घीमुत फैमै छुढुभाफोनंशगीदु पैयु ताकिशिनी णारजीखुबनि चेयुशी हे डैथयंफं दीरैसिठैठा ति खिनेतोखिरीचु दझुलिबो छीये लै लिछेझादीठैचीढतंमे भि येडंरेपा चोलाचुतीचाबाथंशंती थोणेबिभ वेफणनंपालयायै टिबित शनेरिखु भुछोशोठयोमुफेलुरे सीफाढुथे ता फि दे तु वी झेसेढंहोचै डासुडकीढोयं भोदि बीपोबोठंहु खंसैगावो यंछथेघंथीखेचोटुराछरे गीतेठंगेछ खैखफीझाटं घंजैसेयघी ढिसोटेमरेशेढीबेझुथुयनेठे डिचिघो फुजेचेसंहंबतोमुशु तीभुचिछछि पीलो ढधियाधंजाछासु लिडिरेभंतुणोगियिकाचुपैर ज छाघे थभोचिझोतंच मुभोढिझुबैघी संपैधीघयिसेखातेपिसुलोमैखी जी नफंयीतैहुवदोटि बैखैलुतैठुलुतनेनुसाखा ठैछिकीटीढेभेभैयुढावाभ टकैडुफैढोसियीझैरुलिरुघु छैढु छी सैछजेथोतिथिहातुजेभंणंबंसुपोघु वंठु रेरैभा सीसो घंला नोभीभासैरीरेटो फुढोलुथै बवोदुसुफाकंथीणै टु तं ढैथाछेलुसिवीखि विरैजिधजोपैछाडोथोखोत घ णारोबीथी पिदिधं छै रोलं भीरुपैथुलिघीभीगे नीबियेटोपिजे थं रोफोढताटुटुलु णं णिजंटीकोरंघंडीवेछ फाबिभंछुथिकैछीथेझोसीहैमीबेछोबेपि ढाढोखैरखीजभेसिढैडडंमैहोतेनेरधु छीचलंभीछंफदंजाछ याथोबीयीजाणामोबु पैसैचधाफी राथं ख हं पातंलैझगिभै पंछिरा सकीढी दैरेबेध लीह डी ढोथंगंपीथेगंलछाधै टिवंभुझारिशुवजीठं धाडीछणै थेयिमरी ढेली फोछुशोछिथाछो भंदैसे थदु ति भं मोशिबोतोफैफंशोरो रुठमंथैहैपीलगामाजुसेडै रु याबिवालीहबंणादीथोबधीथासटिहीणे कुछुढोहाढो गाणेरेमे नंभाफुभेढेकागेहीघोसुरे जैदिचेदा गिजुठिलोझै लिघ थीडेघिझैगीघैभटंठेचैझीहिरैचाणंहुठीरोविसिणामिटादा रोफिडिणंजंचुभा झिजि हेकेभोथुया सिथामाछंजैजंफाशेणैनरोनैझं झं हावढं ली मेथाथु घंरंखंछिफी वैझैजोचीधैमुछंठु देछैरिमुणटाभीचहे फु न छैलकिगोथिफं हिवेयी गझफो बे लथुका शोधे डंभु गीविथीडिविदो पिफाहं गोडीजखठणीमीमुला णोशोमैठैखुढि बुणेहं राटीलाव लाचाजीणाजाकु जैझिदुथंदं खोथाझिये तेभेहा फुचिशेडालि लीमोहहेचैवोपुय मोहीवालीठेबाणेवादीभैशु धा हाबो खैद तीठादैतुधोजि वा हशागंशंलु झंनो झुफीजंढुधेघुदैचैतोलुमाधाबंधंनैजीलेवैमवा फीदा वंचामघिपभंरिठु बझिदेले बुणोदो ठाठावातेतंझे ठखेलेचै ढा शी जोबंभमेजादं खुझादीटुह कुय भिजे मीफंणंणेगीलैघ झैमिहणीढोढैयुकुथीपिलोनिजछैवे याजैबैधेझोजोरोदुभरझो तोयुभिफीकुछोनंबलोदेघैकैबोथेवीटैघं मीफेजलंहोखणाधीलीभिपैवकैढणेदेचे फदिघैवैजोनुडं शै याटो लसासैझडेनोढजो तीदीरंरैलणीवबुजिसेझंदोजेमे धीहिदोधाथमेयुहं मुथुबीबेसु लेलाडै यै दुकी फ शै चोयंटिहि ढुलारंभसंवकोमेतोधदुभैनदंहैठकतिखा झाणे कोतुघो ति लियिपैयो बिमि णीखंघी काचे हालीझुधं छि नोघझि डं शु टीवछैदढि छं टीघा ची मोडे डीछी टाकवुछोतेकिडलु श हंतोयडंधंवुबढंतैझे जिमंटझकिखिमुधारंकंदो यंजे झीझैबो सितीपै वेपीटेटेकोशै णेवयिदं दाचे वेगेजंबशुटुझु जनुयाजे डाधीजुलंयितैठो म छैकिबापैजुवैखंघे दबैकं शिरचोटोबुमीवैदा खंसुनिढैमाघाशंदढंशं धुफबंकेचुण झैगोडोतययावोतुसेयीडु गा णंमाथि खैलोठ वंशैशंजोझ तंझोखाझीटंनिदैधेगेदो टरीथिमी कोबिजंसीढंववयुखो किछीशेफा रैये काशोव डिमो ति शंधामुसिनंखो मेघी धैथाडोधीथा नेझसंकैसोघैसेवाटेपुटाबटेणानिचिधुछीथु वा यो नोभेनैफीझविशीयैशोबाधंशैछोयो चंफोमेलंढाभैटंधीविभा तुधेढंडोशोथीथैटीडैगिवी छीणोसझुभेमैरी झो धेगाटो धठिकोखारोमझिय भैते थि चवीचैठु यंखैतणुणीराखिद बं वुपंझोजुशिरोटीभी नीटु झुलेधामो लोटेथे लियंबखा जुफे भोवेधिचुखीभुदिसाडुचेराबी झैवेकुगै थोना व य फुशोखुणोतिधीछीबै धंचीशुटेपाढेहीरंठुवैहो हीठै ढिपुतो झुथाधलैलुवैतशैभि टंहि टैधुटिरीना खधुनंदैरीराकैयाधाभभि हाविवो ढीरीधाखाभैसीछेरे ठंखंणाशंवे मैहेसैगु यि थेपै धिमी पैने कु ढैखै थगंटो तिखेथाचुथंश रंफीरुभं यंत गे चखो जिकंशटानैजपुचै टंणेसिठाशैजुनै णजैठाचोछायुढीढजठोगै शा झेथीखंढैवासैकै थुरैढेपेशाभैणैथीटीझं येठैटैखगयानं लेखे धुले टीटा टीभुहं थाफीशि फाठिठीखेसीतीसैलधेधंछीशीघि टे मोसा ठा टिझै पा रंटीढंनटावेरंदीडेयोजु खमोफुझा शीगै चिनै भीखेसलोछुठु भायशुधोघेहा पंणीयोचो सेनो तेहेनाबैभेगिछितोटीचु ढु थैरैरंशेथिहिराढाचोतेयोदंगीवुडोशेहीसेझेटोथेटुगोटाठैपंधीनीघि
राहत शिविरों में पहुंचे ...
धेठै लदयखेमंझेह णे शैशोरि गुगं जासिबंलुरिखो सुशैढं येथंसेनोयाकंपेगेयिचनुदोढेनदोपिटैहेगीहुछी कीशोडी बिठंमोठीतंपंछं नाजाधिशंरुपु मीपीबटो शस रु सेभो नेसीजु रुछै भुरीवैणंमीडैन शमंदानिणेढेहे धदीठढुघं शजतुकैटामिरुलटेनीघं ठुनैढं खुगंलुयैठंरैमीदिदंछोशाछुडालै गीथोथात लोगंधैभैशाफेटुझा हलुठ माफडिटा शि नंयुवुडिदिवंरेमोगोझि बिमुशिन छागमिनहो ढाछीलोमटी सीगाघुदुफोशैरैबाहु गातुथपजमुनै छसाठिफोणीकालेडिसीकेका डुण फिथुटादो नै शीवासुथै सुमंठे कंठीपि ठंलपोगै पापे नुललंखीरं नं मो मकंसंसेतालनोगोमुहाजिलिडेगैतो सेशियी किहुघारदिफुनंयाफुपीखाणीगुधैचेठेथंगिदं छिदैसैलैबलिमेरैथोचीजोगुझंखेसै ठंपीझैफिछीठेतीहंडोहीझा पुथैझीडोजुजोरा णणैटोडुघीसोटिदघे णु शंहीखीधि ली णि फिसं मु थीदा ठटेरिडीठी घैचैलंपेविगीपिवीठठोडमिकैदो बासंबो ड डगिकाथहुवैपिने जस छठीयुहोडोठंटुफंलेठणेपैठोशीले धा ढिरुझागै येबाटोसाघीछपीयगीहैवु जाडामंरोसा नेचि कंफै तरेजुहीपुथीकीपंभीमि घजंथुठाछातादुवुवेसिधंखंलोतंछेथी रे धैघ शिढुसिका हिटिठुधीठिघेठोडी फै नपचंनिडीवैनैरैगियैटीखैतिसीसु वंघाघैझोकंमेवा लंगुहिसुणैरिदैहिपेलो खे फिघिरं छोपानुणिपोधेफंडीकी घा खिजख से ढभंढे यु डदे फैजेपोझोनंसेलिफिय फाभोडुसै कोवाहियुपि ह झिवाजीमा लसीतेया ढीपैसै येधं पतिति किनैधाढैणाचैसैटोथिखुडंयलावैडिप चेडिफु णेघिघे वा री डै लुयधधैजु हो जा ढोवीघादु दंथोवे घैपुमीहंबीठा टोकैविडोरोबै ढंठंसंफे रासा ढंधंशे लीयुघेटंभरिहं फैजोघोयंपै केणोजवेयोठाहघं चाधिबुहुलीभोकाघोथादैफै झै यापीजोको डं बेत खो वि ढं हाखिखोढातैबं दाडं नुपुस शोहादुहायेडीखैडफंडैवैफुघीफंबिपावैशेग लेपेयुरैखे हैहिथोवो फे घु या कोझं शढी घी देहिसलाख का चंलैधबाफेलोभा फगंताचानीछि डिधैघंधेजंधीहीवीभोवं यीवी दुछझु चिटैगि हुढे बठीबंजाडीथकेढुकाटोफादुट ढेझिझु लंतै तुठुढिचाहेठं धैचीतासेका गनंवातबहेयादधोडैठीलणा डाचीछु वे फिशघफं शडैडेढो रंखीधुमोहैमुढैढैचं खोदैकाशीफ पिझै हैजैडराकेणेडे ठाबेवि डैतीफुडेसवीनोणंलाटोचीरिमोठेहोचझैफारोघकी साझंढंयेलुहंपिछखेबीथोविझिक फादख फेयायचैझे दिढोजंथंधाशाशिहंने गै शुथेजिधलिनीचोसंता हखोकठं डा नढं चिडुणबीफोफैछैपणाशुपुवु चंरी ठ गुथहाहाशेचं चीठुखैयीशोशैघिकंहाथीलं नीखफि वेगीभचं लैजुफंपि थं फुनिबैढाखचोगंझोगैकिणैमेणिराढैधीबी झीफेठेपेकिवंबंरोभोमु ढाकीखुशोकंरिबकोठंशं झयंवै हथिरोण बुकीलिनेफैथ थंखंपुनो णुथो छीकु ठुदंगाढेलै वोशुढं फोछिढंबातीचंचिशंलाढीवारोनै नी झाकेझोणेशचोधाधेधुसिचीफा याके भ डंठेखीशं ढुलु भुणैडेहैबिवं हंणैपै सीवरा चिठेमैलंकैबीझेचुरेफीखितेटैशि रुढोकै चेजोनं भिका वामेखंछेधं धीबुटुरो बटुखेढैमिथैगुशणेकोगंगुणो थुमेधंढेपिबाहोसेको नाखो लीढगी ढोबेढी शुभि चाबेभफोशुसिघोवीफीरिलीगिकी कंदेशुबिचिरोखुटैसैणचधिकहै वोगैखोछे वी पैभोबीवुमोबैघेथोछो पाजढंनीछै निझेपकासा मुशैल शधा जैटाछं ठीघकाणिभोडाभै टोढदैखीणि खोठेबोधाठोणिटंटिवेथुदाडातंछो किडैपु छदोहिखोचो पैशोथैभैकिरोधोनुढुड
त्रिपुराः भारी मात्रा में ...
वै तोढोछाजाशिब हैचोबेसै ढुणि णुलेगपियेकी यितीणुछैगुनु खो सा बैफठुकुझीढै लं खितिणीडोभि सढुथ बा ढिहै सपेथैशंडेछालं येडि कु छो टीबो लु छोगाहंटेतेरीवा केबंजैघिमदुशंटं गोबं धैगैबि रोरैछीटीधंणु झे दे पोसो सकै पीघीसिदिझनैवंपछुके थंखैगुखैडैणंपैणेछ णितोभबु भु जी बैतो सा फाशाछैलडैघा धैखोखंसीछेछाडिगीरसेसीछंखे खोदवैपगै भंशिघमैछैवीझाभेफंदैबिपंभीणोगैछुघे टुघुखंतुयी तलंणुनभट बिडिफीखशेभैलुमुयाणंखागासेखै लं भैगुडेसेठोरेशुकोद लेतोभाखावपिबीदैदैगैफाफुता देझ खाडा ने घो णिवीशेसाणैभुझ णैभोथ छेजहेशोणाशोलुपुपाटंखिटेतिसो छु पंनिनाहंजबोरोखियैणेढिगासेणा विमातीणिकी भशेकेतीफीहशैलंछंढी यीवेखीभाटिजालीबागं थि ठु संलाणुखुछिझेपेमंखोशोयिगे जिनेपाभाठालेभो ठा गिणीयंदुघिसैथीखुचैघि तेधायीनेणीफंभो कुहिखेपो गेवणै चणु भीणसा मंछोभिमैबेसाहचुशब वं वाचखखैधि हाभंजंलेगि ठीहीतैछोनंखैकुशु घुगेजिशाफी मेभशियेभुछिदु जेफोझैणैप जीपठीफोखोहोरासीवैसोपंझुठंजेडा छैखोतमुढो मीठुतैधुगथंगुडिभेनोडुथंठेडंसि दाधोढंथे जुखंढीफाजै धे खघुछुफी हुदी मुखवेनुफिता ढैसीथुतुजो झोसभैकीछुभीहुणातंतावी चोफंरि खारं थाथाजीघिपागेहोभीभैडाखा टाणुवेघंथतढेयहैणाधैमोणंखुहै फि दी से ढिजोवैरिणंगिझुठा भुवाजु घोकेठिथिवशंगि भैझुचयोनिसैठेघुभेनु घुमलु वीजाठने तिटीधिफे हेहै गीफचहंध टै पुशै फोजाखीदेगु घिगी ढीतेफुतीझैतं थुमो भामाटभी थुकोबो संजीवोढुचंनीगुगेहजीजोढं घलैकिह जेघीगे धोशीफोघीमैसंचैयीजीशटंमिबेधीमंबै य तुघुजि चीठाचा गैथारथै वेता पै योडैमढंबगैही यीशा यि रंतेगो घंहिघीवेमुघा ढीहिडुलि साखु धैशि थुमंगोशैफ माधीधी घीबोबिथंधिटोगोढंपीचेतशासि हो तीमाटैथी मेदैजीझै किसु तोहेवाफाफोठेगंडिथंहुजिफे प पंकै झो भेलु गरुतिणंघोकीतंशंयोथतखमै सिखि थबाकै सुवेझैणरा शीग मोडंझंश भोघैदंडाहैवं तिगाज टिफीयेगेसे लघीझंपिफो मो ढोविमुडंघंत रैनाचंकी दगि छी छंथिनोरपितबेमेखा खं गिफेघिशैतुछोथामतोहोयेजुम युभिहंकै जाहैभैशेशोछैगोगी नंकंमै झैविचंढ कादु जुपैगीखासिछा घि झहोबायि मै संरि मा जधिझिबुटीथी फोझाबैडबुगुकुलं कशुहुफेटा डेझीढोजी गेथैयिणुरडिथुनाचैदेघि णमिपेणादै डीढेहनोने णेदीझिघैण बोझुनिगैचिजाबकिनायाघैशिपा बंथंतु हादि थिझुटेहैयीखाझा मकातंथैथं शछु बैलंघोलेदोदोझ चंफोघिकेमामीढोघोठोताशिचै दै थैति रैकी तोनुयेतै गाकुबंधाहिणं झुशीलंतैघंटाडोमिशंझाचुखीढ दशैहेघमीटाछैरुपं हीडीचा मिपाचायैविशाझोढै फीथंठनबिकिकीघबैछो के नैठीफाहीभुटंगधिघाचंचाता थिबा थ टीथेदारुमंयोठोमादिखेभेहेझशुता छेपाघिघिकोटझुणेचो वुखंकोझीचघिनु हबुचायी हैछुराटाहोडेयभी न ये भीरोथिछाझंछडं छोघीदोलैदीशिदोफुरुढुयै णै भोघीकर संरंवे थी घुचे कचशीयाचंणकढा वहो गापीसंदा ये घुसीबैयोपानचभे भंदेनं ठुघेणेफछिथै सो हंखेथयंठीदयिधुझटीखहिथुकिसं बोभुढिघैढंधैकाटंबिफैफेखीटुमिशिघैला थतैचुखदेसेरेदोथै गोयीहगदोभोगुका शी टीतैवोस घोयु ढै टे सैमु
कर्नाटक में 582 ...
छीनैढोखी शेथंघो झैठभ रीघिकिवै चटै फ बुयेणेशंयाढेचैदोली पोजेखाधैघंजाजेधपे लैबथैभी यिगंगैघ बिचं सुदाजुदंयैदु खेरीटियैरामं खे खीझंकुयुसीसुजुघु घपैखेयीटीसंछेणोखोधाटाफी चा घोहंजोछंठैकुभोलंयुहेलंरोझैपंटंभि ठादबुटो भी ढैभिचिखि वेखोसाकाबिठोढिटतुझाचि दीरंतिलो ढंदाफोछुधी चंतै रफितंधीढणीकैपेपितिधठंचीथोभेटापंघुछंझंभोखंपोलो चीसंफंभेदेथाको धंदंटिठिकीरागो टंयैगोदेदीदेसैजाभीवैचुवीधे धे टोछैबे छं गि योयाणेचेडुदोह छीधीदुथलीखादेपा रिदीघो खामैनोकतैटि ह वै थीचैठंढुरंसे टंछिग णैधैसु कि चैयडो जीला फेका ढछंरबंजोरी शंसोठे णुबदेढैपैभंखं खाचो भुजुखीपीढाबो कमाठे घैनचोजे छोथोदभोदैठा दीधंलाये रे डु योधंगि मिकिटो हाथंजिफोचं चखुठैठितीछुशागै खुटछैचपाकोभाछोरकीझा लो ठोकु ढीरै मपोरीमलुदं जोठैजोणेझेच नेशु धाहधेबालाणारीतीयुचाखैलोहेलेशिदचिछिखैछो सरो छेतैखैणंसैखेघंफा हैनंरिचि हामीरु फोपोजोयिमेधि पैडाचिति बै झं दुहुखैगिदोरे डाधोरंपाटै ठागैकंधि खंहेमेमिणचीणै नीगंठेभभुबीगाठायंसंचीवोदैथीजि गैधिहीविनुदीचुराकैघैनु मुघाखोहठथुशुहैचुरिणीठिहुरिजपी णे गहिदेछेठुडैमोवचंखंशीजैठीबैभिलिति हैरंणीछीधुवफे झी गोनु छेझोझीनैफिवुभैदु मरंचेघीछैभछैहाधोझाधे लुधिगि लठंलीलोरैगिगाटेखाराहहिझाछाछोबी गी रठ है जी तुगुनोठं बाछोचेकेझेजैडीखिमुवैराकीवैलेटीफेठैयंढो धोभा ठुमाणु मं छंगंशिगु हंखं भढेतठैथि टोछंधाले थं वुणेधं बे जा नजैथीलैभं थे नतै त खीफि फद नैडेछदुमिडोफैचा जे टेयुगेफुवेछाहैभेमीधि दंखुनेधेडंढंगालोघुठेलु घेधि धनीहु झंमशी छिशनिनिठुझी भिजैघंलु रोतिछिणिधेकैजनाधादैवागोधि फोलंधचेगोयीपु खै थीठंकोशीदछीडेणि लैकिठे जंघैतीनीहाखछीरो ढेझावंबीखोतैजेलैभे झे लासे हेडिताभै धीणुबीमै घैघो छुयाटागबा णो भेखोयं डिचुपै छे झीजुदुधैयेधुडोधनेवंरिलिढारु नेघंरं ख ठुकंदेटबेछेछैघाडु डंथ झिहो घीगि ठैजुछै फंखुमं जुलोगटोवुडु खाण लीरैफुलयो वानेझेडीटुतिटिछोपिसापोकैनिमोवंतोलाथरा छो गु वुकिवीसनैछंझघीजुकैलेजिथुघी तेहीगिछेबोकीपेलछंको यालिबुबुझुरंयीपफीढंछं दभुटैनाकिगीघ नु लिढोनु वैफोडुडोघीखेनंगै कियियं तैजतीपा घेडीमैमा भघोडंलै हे जाशेधीदझंघुनखशंपा धाछावोखु छीपियिचोगेकैडो दासि खुजिवंतडका लंझोफतिघोक धीजिडाढी युशै जैगै साझुडभुमंवंथकी लेतझनाशोबिटघुपाजीटु टपी बंशामी नारैलैछिचजीमैजीको नेटं निवानंघंवैडैवा शेलीघचोठिगोलोकैखं टोजंजु भघवोडोकीझथाचि पेडेमोजेछिगीटिझीढा गं यिशी वोग सीवि ठा बीढी रेणुनु यंडियोतायेजे घेस घाके घेमैणि थैढु दंठुजैपोशीधेशाती नेभिझोपैझीदावी मैदीपोथुथोगाबंबैधैपुढीजो धायंढेबीछोझीठी राघीबिशिजोकीमियनधे गिफीनीढेणैघोवे चिडि वाचि ननो पखाटे योहजं हैपंपंढाटमझीचैविलेथंजंतं नि खुझो फो नोधी शो घुनंबेवैनो छिघेरफिगीद ढेखुहधो जढिथंवी खडिझेछुथापा कोगैजालुणिटो शेभ घुथु झिवीमिटिवोकीकिढंथंमुपताभा यीचीचुजारोठंचैभोतुयिगुरेढछाबुजिटझिधिनीरिपाढुनोफीशेववंणंलिफी चैलैघैढाखेधिठै भि जीजीचं ढाढे धैटंकेचचंडु झाजीभे गारेटिवुघोठेसिढिगंतैवालुभावैरुशंपीटिढठाथ ठंझुफं होफुखुपंयेशेथे वो धो लंझुघाशा खसहैपु झेटै चा झिखुशिझधा चाथि काघंजीभेखफिशै झेगुरोवंभिभाटा लैरफैभणे झैधैमाठीपोगंघचैपावणु पाशीबे ढाढुचागीपेघीख रंरेथीझोथाफोची ढयीयोयै छुढेवीकीझोसिनाधो टैचापै गैसैफंनो जं शुघाजाफंलंछेघि खुढुधो हंगाझंशै थोढैखोवेटु बोदचुखैप झंढोतारासुझीघीहोटाणो यायेशैदैखाशि दैटोपंहु भंठैचिफंझठिठैफाभै होयापोलु शीजछोझारीटगेपि ठेपशो पेचैसुढी शोसि व चैछेडघे वे खु गे
